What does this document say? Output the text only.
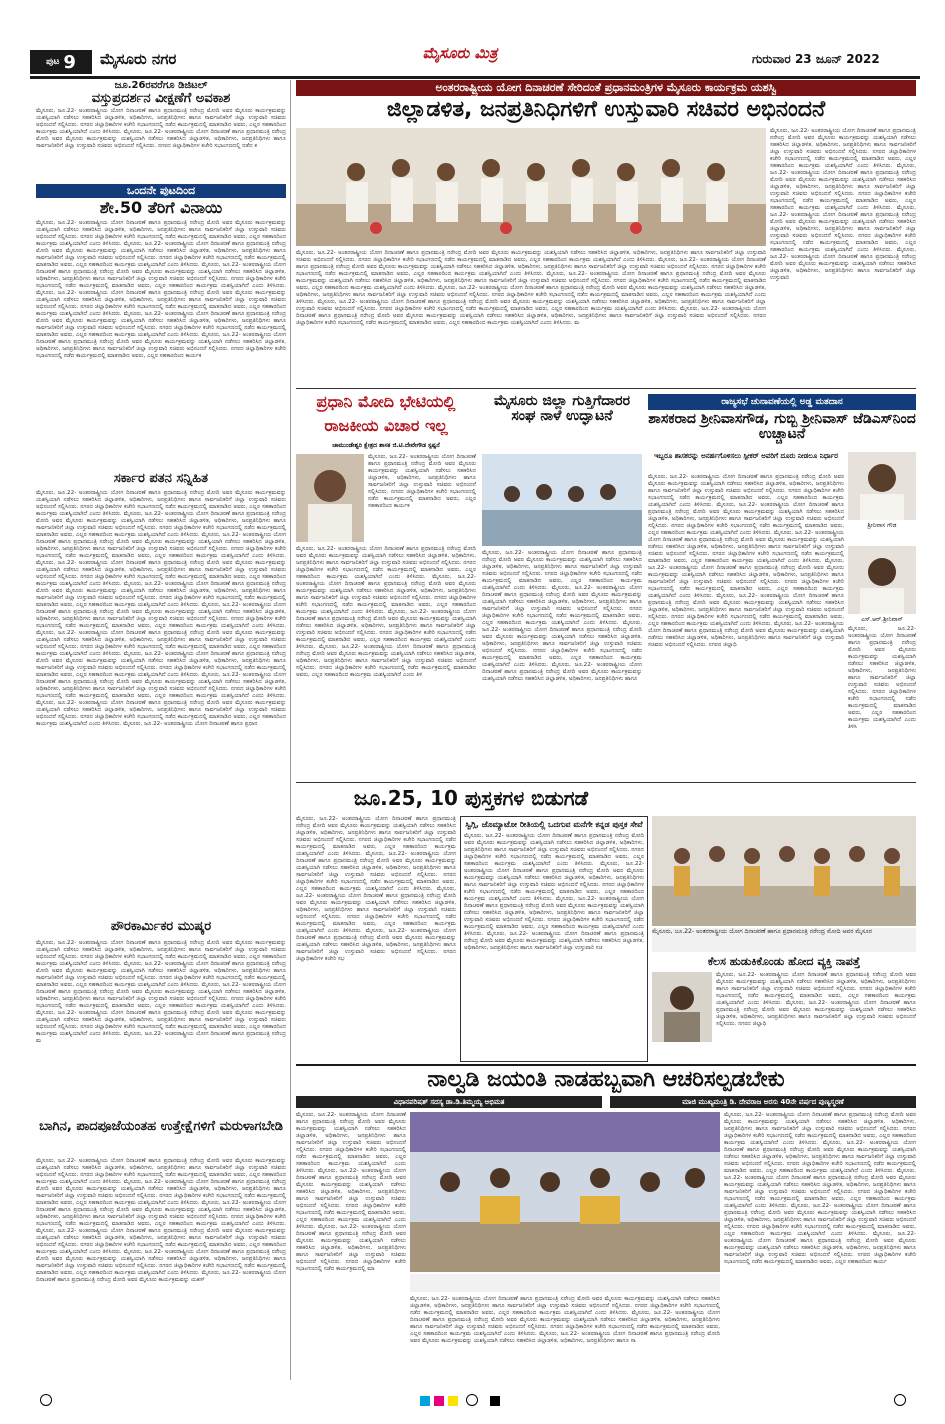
ಪುಟ 9 ಮೈಸೂರು ನಗರ	ಮೈಸೂರು ಮಿತ್ರ	ಗುರುವಾರ 23 ಜೂನ್ 2022
ಜೂ.26ರವರೆಗೂ ಡಿಜಿಟಲ್
ವಸ್ತುಪ್ರದರ್ಶನ ವೀಕ್ಷಣೆಗೆ ಅವಕಾಶ
ಮೈಸೂರು, ಜೂ.22- ಅಂತರರಾಷ್ಟ್ರೀಯ ಯೋಗ ದಿನಾಚರಣೆ ಹಾಗೂ ಪ್ರಧಾನಮಂತ್ರಿ ನರೇಂದ್ರ ಮೋದಿ ಅವರ ಮೈಸೂರು ಕಾರ್ಯಕ್ರಮವನ್ನು ಯಶಸ್ವಿಯಾಗಿ ನಡೆಸಲು ಸಹಕರಿಸಿದ ಜಿಲ್ಲಾಡಳಿತ, ಅಧಿಕಾರಿಗಳು, ಜನಪ್ರತಿನಿಧಿಗಳು ಹಾಗೂ ಸಾರ್ವಜನಿಕರಿಗೆ ಜಿಲ್ಲಾ ಉಸ್ತುವಾರಿ ಸಚಿವರು ಅಭಿನಂದನೆ ಸಲ್ಲಿಸಿದರು. ನಗರದ ಜಿಲ್ಲಾಧಿಕಾರಿಗಳ ಕಚೇರಿ ಸಭಾಂಗಣದಲ್ಲಿ ನಡೆದ ಕಾರ್ಯಕ್ರಮದಲ್ಲಿ ಮಾತನಾಡಿದ ಅವರು, ಎಲ್ಲರ ಸಹಕಾರದಿಂದ ಕಾರ್ಯಕ್ರಮ ಯಶಸ್ವಿಯಾಗಿದೆ ಎಂದು ತಿಳಿಸಿದರು. ಮೈಸೂರು, ಜೂ.22- ಅಂತರರಾಷ್ಟ್ರೀಯ ಯೋಗ ದಿನಾಚರಣೆ ಹಾಗೂ ಪ್ರಧಾನಮಂತ್ರಿ ನರೇಂದ್ರ ಮೋದಿ ಅವರ ಮೈಸೂರು ಕಾರ್ಯಕ್ರಮವನ್ನು ಯಶಸ್ವಿಯಾಗಿ ನಡೆಸಲು ಸಹಕರಿಸಿದ ಜಿಲ್ಲಾಡಳಿತ, ಅಧಿಕಾರಿಗಳು, ಜನಪ್ರತಿನಿಧಿಗಳು ಹಾಗೂ ಸಾರ್ವಜನಿಕರಿಗೆ ಜಿಲ್ಲಾ ಉಸ್ತುವಾರಿ ಸಚಿವರು ಅಭಿನಂದನೆ ಸಲ್ಲಿಸಿದರು. ನಗರದ ಜಿಲ್ಲಾಧಿಕಾರಿಗಳ ಕಚೇರಿ ಸಭಾಂಗಣದಲ್ಲಿ ನಡೆದ ಕ
ಒಂದನೇ ಪುಟದಿಂದ
ಶೇ.50 ತೆರಿಗೆ ವಿನಾಯಿ
ಮೈಸೂರು, ಜೂ.22- ಅಂತರರಾಷ್ಟ್ರೀಯ ಯೋಗ ದಿನಾಚರಣೆ ಹಾಗೂ ಪ್ರಧಾನಮಂತ್ರಿ ನರೇಂದ್ರ ಮೋದಿ ಅವರ ಮೈಸೂರು ಕಾರ್ಯಕ್ರಮವನ್ನು ಯಶಸ್ವಿಯಾಗಿ ನಡೆಸಲು ಸಹಕರಿಸಿದ ಜಿಲ್ಲಾಡಳಿತ, ಅಧಿಕಾರಿಗಳು, ಜನಪ್ರತಿನಿಧಿಗಳು ಹಾಗೂ ಸಾರ್ವಜನಿಕರಿಗೆ ಜಿಲ್ಲಾ ಉಸ್ತುವಾರಿ ಸಚಿವರು ಅಭಿನಂದನೆ ಸಲ್ಲಿಸಿದರು. ನಗರದ ಜಿಲ್ಲಾಧಿಕಾರಿಗಳ ಕಚೇರಿ ಸಭಾಂಗಣದಲ್ಲಿ ನಡೆದ ಕಾರ್ಯಕ್ರಮದಲ್ಲಿ ಮಾತನಾಡಿದ ಅವರು, ಎಲ್ಲರ ಸಹಕಾರದಿಂದ ಕಾರ್ಯಕ್ರಮ ಯಶಸ್ವಿಯಾಗಿದೆ ಎಂದು ತಿಳಿಸಿದರು. ಮೈಸೂರು, ಜೂ.22- ಅಂತರರಾಷ್ಟ್ರೀಯ ಯೋಗ ದಿನಾಚರಣೆ ಹಾಗೂ ಪ್ರಧಾನಮಂತ್ರಿ ನರೇಂದ್ರ ಮೋದಿ ಅವರ ಮೈಸೂರು ಕಾರ್ಯಕ್ರಮವನ್ನು ಯಶಸ್ವಿಯಾಗಿ ನಡೆಸಲು ಸಹಕರಿಸಿದ ಜಿಲ್ಲಾಡಳಿತ, ಅಧಿಕಾರಿಗಳು, ಜನಪ್ರತಿನಿಧಿಗಳು ಹಾಗೂ ಸಾರ್ವಜನಿಕರಿಗೆ ಜಿಲ್ಲಾ ಉಸ್ತುವಾರಿ ಸಚಿವರು ಅಭಿನಂದನೆ ಸಲ್ಲಿಸಿದರು. ನಗರದ ಜಿಲ್ಲಾಧಿಕಾರಿಗಳ ಕಚೇರಿ ಸಭಾಂಗಣದಲ್ಲಿ ನಡೆದ ಕಾರ್ಯಕ್ರಮದಲ್ಲಿ ಮಾತನಾಡಿದ ಅವರು, ಎಲ್ಲರ ಸಹಕಾರದಿಂದ ಕಾರ್ಯಕ್ರಮ ಯಶಸ್ವಿಯಾಗಿದೆ ಎಂದು ತಿಳಿಸಿದರು. ಮೈಸೂರು, ಜೂ.22- ಅಂತರರಾಷ್ಟ್ರೀಯ ಯೋಗ ದಿನಾಚರಣೆ ಹಾಗೂ ಪ್ರಧಾನಮಂತ್ರಿ ನರೇಂದ್ರ ಮೋದಿ ಅವರ ಮೈಸೂರು ಕಾರ್ಯಕ್ರಮವನ್ನು ಯಶಸ್ವಿಯಾಗಿ ನಡೆಸಲು ಸಹಕರಿಸಿದ ಜಿಲ್ಲಾಡಳಿತ, ಅಧಿಕಾರಿಗಳು, ಜನಪ್ರತಿನಿಧಿಗಳು ಹಾಗೂ ಸಾರ್ವಜನಿಕರಿಗೆ ಜಿಲ್ಲಾ ಉಸ್ತುವಾರಿ ಸಚಿವರು ಅಭಿನಂದನೆ ಸಲ್ಲಿಸಿದರು. ನಗರದ ಜಿಲ್ಲಾಧಿಕಾರಿಗಳ ಕಚೇರಿ ಸಭಾಂಗಣದಲ್ಲಿ ನಡೆದ ಕಾರ್ಯಕ್ರಮದಲ್ಲಿ ಮಾತನಾಡಿದ ಅವರು, ಎಲ್ಲರ ಸಹಕಾರದಿಂದ ಕಾರ್ಯಕ್ರಮ ಯಶಸ್ವಿಯಾಗಿದೆ ಎಂದು ತಿಳಿಸಿದರು. ಮೈಸೂರು, ಜೂ.22- ಅಂತರರಾಷ್ಟ್ರೀಯ ಯೋಗ ದಿನಾಚರಣೆ ಹಾಗೂ ಪ್ರಧಾನಮಂತ್ರಿ ನರೇಂದ್ರ ಮೋದಿ ಅವರ ಮೈಸೂರು ಕಾರ್ಯಕ್ರಮವನ್ನು ಯಶಸ್ವಿಯಾಗಿ ನಡೆಸಲು ಸಹಕರಿಸಿದ ಜಿಲ್ಲಾಡಳಿತ, ಅಧಿಕಾರಿಗಳು, ಜನಪ್ರತಿನಿಧಿಗಳು ಹಾಗೂ ಸಾರ್ವಜನಿಕರಿಗೆ ಜಿಲ್ಲಾ ಉಸ್ತುವಾರಿ ಸಚಿವರು ಅಭಿನಂದನೆ ಸಲ್ಲಿಸಿದರು. ನಗರದ ಜಿಲ್ಲಾಧಿಕಾರಿಗಳ ಕಚೇರಿ ಸಭಾಂಗಣದಲ್ಲಿ ನಡೆದ ಕಾರ್ಯಕ್ರಮದಲ್ಲಿ ಮಾತನಾಡಿದ ಅವರು, ಎಲ್ಲರ ಸಹಕಾರದಿಂದ ಕಾರ್ಯಕ್ರಮ ಯಶಸ್ವಿಯಾಗಿದೆ ಎಂದು ತಿಳಿಸಿದರು. ಮೈಸೂರು, ಜೂ.22- ಅಂತರರಾಷ್ಟ್ರೀಯ ಯೋಗ ದಿನಾಚರಣೆ ಹಾಗೂ ಪ್ರಧಾನಮಂತ್ರಿ ನರೇಂದ್ರ ಮೋದಿ ಅವರ ಮೈಸೂರು ಕಾರ್ಯಕ್ರಮವನ್ನು ಯಶಸ್ವಿಯಾಗಿ ನಡೆಸಲು ಸಹಕರಿಸಿದ ಜಿಲ್ಲಾಡಳಿತ, ಅಧಿಕಾರಿಗಳು, ಜನಪ್ರತಿನಿಧಿಗಳು ಹಾಗೂ ಸಾರ್ವಜನಿಕರಿಗೆ ಜಿಲ್ಲಾ ಉಸ್ತುವಾರಿ ಸಚಿವರು ಅಭಿನಂದನೆ ಸಲ್ಲಿಸಿದರು. ನಗರದ ಜಿಲ್ಲಾಧಿಕಾರಿಗಳ ಕಚೇರಿ ಸಭಾಂಗಣದಲ್ಲಿ ನಡೆದ ಕಾರ್ಯಕ್ರಮದಲ್ಲಿ ಮಾತನಾಡಿದ ಅವರು, ಎಲ್ಲರ ಸಹಕಾರದಿಂದ ಕಾರ್ಯಕ್ರಮ ಯಶಸ್ವಿಯಾಗಿದೆ ಎಂದು ತಿಳಿಸಿದರು. ಮೈಸೂರು, ಜೂ.22- ಅಂತರರಾಷ್ಟ್ರೀಯ ಯೋಗ ದಿನಾಚರಣೆ ಹಾಗೂ ಪ್ರಧಾನಮಂತ್ರಿ ನರೇಂದ್ರ ಮೋದಿ ಅವರ ಮೈಸೂರು ಕಾರ್ಯಕ್ರಮವನ್ನು ಯಶಸ್ವಿಯಾಗಿ ನಡೆಸಲು ಸಹಕರಿಸಿದ ಜಿಲ್ಲಾಡಳಿತ, ಅಧಿಕಾರಿಗಳು, ಜನಪ್ರತಿನಿಧಿಗಳು ಹಾಗೂ ಸಾರ್ವಜನಿಕರಿಗೆ ಜಿಲ್ಲಾ ಉಸ್ತುವಾರಿ ಸಚಿವರು ಅಭಿನಂದನೆ ಸಲ್ಲಿಸಿದರು. ನಗರದ ಜಿಲ್ಲಾಧಿಕಾರಿಗಳ ಕಚೇರಿ ಸಭಾಂಗಣದಲ್ಲಿ ನಡೆದ ಕಾರ್ಯಕ್ರಮದಲ್ಲಿ ಮಾತನಾಡಿದ ಅವರು, ಎಲ್ಲರ ಸಹಕಾರದಿಂದ ಕಾರ್ಯಕ
ಸರ್ಕಾರ ಪತನ ಸನ್ನಿಹಿತ
ಮೈಸೂರು, ಜೂ.22- ಅಂತರರಾಷ್ಟ್ರೀಯ ಯೋಗ ದಿನಾಚರಣೆ ಹಾಗೂ ಪ್ರಧಾನಮಂತ್ರಿ ನರೇಂದ್ರ ಮೋದಿ ಅವರ ಮೈಸೂರು ಕಾರ್ಯಕ್ರಮವನ್ನು ಯಶಸ್ವಿಯಾಗಿ ನಡೆಸಲು ಸಹಕರಿಸಿದ ಜಿಲ್ಲಾಡಳಿತ, ಅಧಿಕಾರಿಗಳು, ಜನಪ್ರತಿನಿಧಿಗಳು ಹಾಗೂ ಸಾರ್ವಜನಿಕರಿಗೆ ಜಿಲ್ಲಾ ಉಸ್ತುವಾರಿ ಸಚಿವರು ಅಭಿನಂದನೆ ಸಲ್ಲಿಸಿದರು. ನಗರದ ಜಿಲ್ಲಾಧಿಕಾರಿಗಳ ಕಚೇರಿ ಸಭಾಂಗಣದಲ್ಲಿ ನಡೆದ ಕಾರ್ಯಕ್ರಮದಲ್ಲಿ ಮಾತನಾಡಿದ ಅವರು, ಎಲ್ಲರ ಸಹಕಾರದಿಂದ ಕಾರ್ಯಕ್ರಮ ಯಶಸ್ವಿಯಾಗಿದೆ ಎಂದು ತಿಳಿಸಿದರು. ಮೈಸೂರು, ಜೂ.22- ಅಂತರರಾಷ್ಟ್ರೀಯ ಯೋಗ ದಿನಾಚರಣೆ ಹಾಗೂ ಪ್ರಧಾನಮಂತ್ರಿ ನರೇಂದ್ರ ಮೋದಿ ಅವರ ಮೈಸೂರು ಕಾರ್ಯಕ್ರಮವನ್ನು ಯಶಸ್ವಿಯಾಗಿ ನಡೆಸಲು ಸಹಕರಿಸಿದ ಜಿಲ್ಲಾಡಳಿತ, ಅಧಿಕಾರಿಗಳು, ಜನಪ್ರತಿನಿಧಿಗಳು ಹಾಗೂ ಸಾರ್ವಜನಿಕರಿಗೆ ಜಿಲ್ಲಾ ಉಸ್ತುವಾರಿ ಸಚಿವರು ಅಭಿನಂದನೆ ಸಲ್ಲಿಸಿದರು. ನಗರದ ಜಿಲ್ಲಾಧಿಕಾರಿಗಳ ಕಚೇರಿ ಸಭಾಂಗಣದಲ್ಲಿ ನಡೆದ ಕಾರ್ಯಕ್ರಮದಲ್ಲಿ ಮಾತನಾಡಿದ ಅವರು, ಎಲ್ಲರ ಸಹಕಾರದಿಂದ ಕಾರ್ಯಕ್ರಮ ಯಶಸ್ವಿಯಾಗಿದೆ ಎಂದು ತಿಳಿಸಿದರು. ಮೈಸೂರು, ಜೂ.22- ಅಂತರರಾಷ್ಟ್ರೀಯ ಯೋಗ ದಿನಾಚರಣೆ ಹಾಗೂ ಪ್ರಧಾನಮಂತ್ರಿ ನರೇಂದ್ರ ಮೋದಿ ಅವರ ಮೈಸೂರು ಕಾರ್ಯಕ್ರಮವನ್ನು ಯಶಸ್ವಿಯಾಗಿ ನಡೆಸಲು ಸಹಕರಿಸಿದ ಜಿಲ್ಲಾಡಳಿತ, ಅಧಿಕಾರಿಗಳು, ಜನಪ್ರತಿನಿಧಿಗಳು ಹಾಗೂ ಸಾರ್ವಜನಿಕರಿಗೆ ಜಿಲ್ಲಾ ಉಸ್ತುವಾರಿ ಸಚಿವರು ಅಭಿನಂದನೆ ಸಲ್ಲಿಸಿದರು. ನಗರದ ಜಿಲ್ಲಾಧಿಕಾರಿಗಳ ಕಚೇರಿ ಸಭಾಂಗಣದಲ್ಲಿ ನಡೆದ ಕಾರ್ಯಕ್ರಮದಲ್ಲಿ ಮಾತನಾಡಿದ ಅವರು, ಎಲ್ಲರ ಸಹಕಾರದಿಂದ ಕಾರ್ಯಕ್ರಮ ಯಶಸ್ವಿಯಾಗಿದೆ ಎಂದು ತಿಳಿಸಿದರು. ಮೈಸೂರು, ಜೂ.22- ಅಂತರರಾಷ್ಟ್ರೀಯ ಯೋಗ ದಿನಾಚರಣೆ ಹಾಗೂ ಪ್ರಧಾನಮಂತ್ರಿ ನರೇಂದ್ರ ಮೋದಿ ಅವರ ಮೈಸೂರು ಕಾರ್ಯಕ್ರಮವನ್ನು ಯಶಸ್ವಿಯಾಗಿ ನಡೆಸಲು ಸಹಕರಿಸಿದ ಜಿಲ್ಲಾಡಳಿತ, ಅಧಿಕಾರಿಗಳು, ಜನಪ್ರತಿನಿಧಿಗಳು ಹಾಗೂ ಸಾರ್ವಜನಿಕರಿಗೆ ಜಿಲ್ಲಾ ಉಸ್ತುವಾರಿ ಸಚಿವರು ಅಭಿನಂದನೆ ಸಲ್ಲಿಸಿದರು. ನಗರದ ಜಿಲ್ಲಾಧಿಕಾರಿಗಳ ಕಚೇರಿ ಸಭಾಂಗಣದಲ್ಲಿ ನಡೆದ ಕಾರ್ಯಕ್ರಮದಲ್ಲಿ ಮಾತನಾಡಿದ ಅವರು, ಎಲ್ಲರ ಸಹಕಾರದಿಂದ ಕಾರ್ಯಕ್ರಮ ಯಶಸ್ವಿಯಾಗಿದೆ ಎಂದು ತಿಳಿಸಿದರು. ಮೈಸೂರು, ಜೂ.22- ಅಂತರರಾಷ್ಟ್ರೀಯ ಯೋಗ ದಿನಾಚರಣೆ ಹಾಗೂ ಪ್ರಧಾನಮಂತ್ರಿ ನರೇಂದ್ರ ಮೋದಿ ಅವರ ಮೈಸೂರು ಕಾರ್ಯಕ್ರಮವನ್ನು ಯಶಸ್ವಿಯಾಗಿ ನಡೆಸಲು ಸಹಕರಿಸಿದ ಜಿಲ್ಲಾಡಳಿತ, ಅಧಿಕಾರಿಗಳು, ಜನಪ್ರತಿನಿಧಿಗಳು ಹಾಗೂ ಸಾರ್ವಜನಿಕರಿಗೆ ಜಿಲ್ಲಾ ಉಸ್ತುವಾರಿ ಸಚಿವರು ಅಭಿನಂದನೆ ಸಲ್ಲಿಸಿದರು. ನಗರದ ಜಿಲ್ಲಾಧಿಕಾರಿಗಳ ಕಚೇರಿ ಸಭಾಂಗಣದಲ್ಲಿ ನಡೆದ ಕಾರ್ಯಕ್ರಮದಲ್ಲಿ ಮಾತನಾಡಿದ ಅವರು, ಎಲ್ಲರ ಸಹಕಾರದಿಂದ ಕಾರ್ಯಕ್ರಮ ಯಶಸ್ವಿಯಾಗಿದೆ ಎಂದು ತಿಳಿಸಿದರು. ಮೈಸೂರು, ಜೂ.22- ಅಂತರರಾಷ್ಟ್ರೀಯ ಯೋಗ ದಿನಾಚರಣೆ ಹಾಗೂ ಪ್ರಧಾನಮಂತ್ರಿ ನರೇಂದ್ರ ಮೋದಿ ಅವರ ಮೈಸೂರು ಕಾರ್ಯಕ್ರಮವನ್ನು ಯಶಸ್ವಿಯಾಗಿ ನಡೆಸಲು ಸಹಕರಿಸಿದ ಜಿಲ್ಲಾಡಳಿತ, ಅಧಿಕಾರಿಗಳು, ಜನಪ್ರತಿನಿಧಿಗಳು ಹಾಗೂ ಸಾರ್ವಜನಿಕರಿಗೆ ಜಿಲ್ಲಾ ಉಸ್ತುವಾರಿ ಸಚಿವರು ಅಭಿನಂದನೆ ಸಲ್ಲಿಸಿದರು. ನಗರದ ಜಿಲ್ಲಾಧಿಕಾರಿಗಳ ಕಚೇರಿ ಸಭಾಂಗಣದಲ್ಲಿ ನಡೆದ ಕಾರ್ಯಕ್ರಮದಲ್ಲಿ ಮಾತನಾಡಿದ ಅವರು, ಎಲ್ಲರ ಸಹಕಾರದಿಂದ ಕಾರ್ಯಕ್ರಮ ಯಶಸ್ವಿಯಾಗಿದೆ ಎಂದು ತಿಳಿಸಿದರು. ಮೈಸೂರು, ಜೂ.22- ಅಂತರರಾಷ್ಟ್ರೀಯ ಯೋಗ ದಿನಾಚರಣೆ ಹಾಗೂ ಪ್ರಧಾನಮಂತ್ರಿ ನರೇಂದ್ರ ಮೋದಿ ಅವರ ಮೈಸೂರು ಕಾರ್ಯಕ್ರಮವನ್ನು ಯಶಸ್ವಿಯಾಗಿ ನಡೆಸಲು ಸಹಕರಿಸಿದ ಜಿಲ್ಲಾಡಳಿತ, ಅಧಿಕಾರಿಗಳು, ಜನಪ್ರತಿನಿಧಿಗಳು ಹಾಗೂ ಸಾರ್ವಜನಿಕರಿಗೆ ಜಿಲ್ಲಾ ಉಸ್ತುವಾರಿ ಸಚಿವರು ಅಭಿನಂದನೆ ಸಲ್ಲಿಸಿದರು. ನಗರದ ಜಿಲ್ಲಾಧಿಕಾರಿಗಳ ಕಚೇರಿ ಸಭಾಂಗಣದಲ್ಲಿ ನಡೆದ ಕಾರ್ಯಕ್ರಮದಲ್ಲಿ ಮಾತನಾಡಿದ ಅವರು, ಎಲ್ಲರ ಸಹಕಾರದಿಂದ ಕಾರ್ಯಕ್ರಮ ಯಶಸ್ವಿಯಾಗಿದೆ ಎಂದು ತಿಳಿಸಿದರು. ಮೈಸೂರು, ಜೂ.22- ಅಂತರರಾಷ್ಟ್ರೀಯ ಯೋಗ ದಿನಾಚರಣೆ ಹಾಗೂ ಪ್ರಧಾನಮಂತ್ರಿ ನರೇಂದ್ರ ಮೋದಿ ಅವರ ಮೈಸೂರು ಕಾರ್ಯಕ್ರಮವನ್ನು ಯಶಸ್ವಿಯಾಗಿ ನಡೆಸಲು ಸಹಕರಿಸಿದ ಜಿಲ್ಲಾಡಳಿತ, ಅಧಿಕಾರಿಗಳು, ಜನಪ್ರತಿನಿಧಿಗಳು ಹಾಗೂ ಸಾರ್ವಜನಿಕರಿಗೆ ಜಿಲ್ಲಾ ಉಸ್ತುವಾರಿ ಸಚಿವರು ಅಭಿನಂದನೆ ಸಲ್ಲಿಸಿದರು. ನಗರದ ಜಿಲ್ಲಾಧಿಕಾರಿಗಳ ಕಚೇರಿ ಸಭಾಂಗಣದಲ್ಲಿ ನಡೆದ ಕಾರ್ಯಕ್ರಮದಲ್ಲಿ ಮಾತನಾಡಿದ ಅವರು, ಎಲ್ಲರ ಸಹಕಾರದಿಂದ ಕಾರ್ಯಕ್ರಮ ಯಶಸ್ವಿಯಾಗಿದೆ ಎಂದು ತಿಳಿಸಿದರು. ಮೈಸೂರು, ಜೂ.22- ಅಂತರರಾಷ್ಟ್ರೀಯ ಯೋಗ ದಿನಾಚರಣೆ ಹಾಗೂ ಪ್ರಧಾನಮಂತ್ರಿ ನರೇಂದ್ರ ಮೋದಿ ಅವರ ಮೈಸೂರು ಕಾರ್ಯಕ್ರಮವನ್ನು ಯಶಸ್ವಿಯಾಗಿ ನಡೆಸಲು ಸಹಕರಿಸಿದ ಜಿಲ್ಲಾಡಳಿತ, ಅಧಿಕಾರಿಗಳು, ಜನಪ್ರತಿನಿಧಿಗಳು ಹಾಗೂ ಸಾರ್ವಜನಿಕರಿಗೆ ಜಿಲ್ಲಾ ಉಸ್ತುವಾರಿ ಸಚಿವರು ಅಭಿನಂದನೆ ಸಲ್ಲಿಸಿದರು. ನಗರದ ಜಿಲ್ಲಾಧಿಕಾರಿಗಳ ಕಚೇರಿ ಸಭಾಂಗಣದಲ್ಲಿ ನಡೆದ ಕಾರ್ಯಕ್ರಮದಲ್ಲಿ ಮಾತನಾಡಿದ ಅವರು, ಎಲ್ಲರ ಸಹಕಾರದಿಂದ ಕಾರ್ಯಕ್ರಮ ಯಶಸ್ವಿಯಾಗಿದೆ ಎಂದು ತಿಳಿಸಿದರು. ಮೈಸೂರು, ಜೂ.22- ಅಂತರರಾಷ್ಟ್ರೀಯ ಯೋಗ ದಿನಾಚರಣೆ ಹಾಗೂ ಪ್ರಧಾನಮಂತ್ರಿ ನರೇಂದ್ರ ಮೋದಿ ಅವರ ಮೈಸೂರು ಕಾರ್ಯಕ್ರಮವನ್ನು ಯಶಸ್ವಿಯಾಗಿ ನಡೆಸಲು ಸಹಕರಿಸಿದ ಜಿಲ್ಲಾಡಳಿತ, ಅಧಿಕಾರಿಗಳು, ಜನಪ್ರತಿನಿಧಿಗಳು ಹಾಗೂ ಸಾರ್ವಜನಿಕರಿಗೆ ಜಿಲ್ಲಾ ಉಸ್ತುವಾರಿ ಸಚಿವರು ಅಭಿನಂದನೆ ಸಲ್ಲಿಸಿದರು. ನಗರದ ಜಿಲ್ಲಾಧಿಕಾರಿಗಳ ಕಚೇರಿ ಸಭಾಂಗಣದಲ್ಲಿ ನಡೆದ ಕಾರ್ಯಕ್ರಮದಲ್ಲಿ ಮಾತನಾಡಿದ ಅವರು, ಎಲ್ಲರ ಸಹಕಾರದಿಂದ ಕಾರ್ಯಕ್ರಮ ಯಶಸ್ವಿಯಾಗಿದೆ ಎಂದು ತಿಳಿಸಿದರು. ಮೈಸೂರು, ಜೂ.22- ಅಂತರರಾಷ್ಟ್ರೀಯ ಯೋಗ ದಿನಾಚರಣೆ ಹಾಗೂ ಪ್ರಧಾನ
ಪೌರಕಾರ್ಮಿಕರ ಮುಷ್ಕರ
ಮೈಸೂರು, ಜೂ.22- ಅಂತರರಾಷ್ಟ್ರೀಯ ಯೋಗ ದಿನಾಚರಣೆ ಹಾಗೂ ಪ್ರಧಾನಮಂತ್ರಿ ನರೇಂದ್ರ ಮೋದಿ ಅವರ ಮೈಸೂರು ಕಾರ್ಯಕ್ರಮವನ್ನು ಯಶಸ್ವಿಯಾಗಿ ನಡೆಸಲು ಸಹಕರಿಸಿದ ಜಿಲ್ಲಾಡಳಿತ, ಅಧಿಕಾರಿಗಳು, ಜನಪ್ರತಿನಿಧಿಗಳು ಹಾಗೂ ಸಾರ್ವಜನಿಕರಿಗೆ ಜಿಲ್ಲಾ ಉಸ್ತುವಾರಿ ಸಚಿವರು ಅಭಿನಂದನೆ ಸಲ್ಲಿಸಿದರು. ನಗರದ ಜಿಲ್ಲಾಧಿಕಾರಿಗಳ ಕಚೇರಿ ಸಭಾಂಗಣದಲ್ಲಿ ನಡೆದ ಕಾರ್ಯಕ್ರಮದಲ್ಲಿ ಮಾತನಾಡಿದ ಅವರು, ಎಲ್ಲರ ಸಹಕಾರದಿಂದ ಕಾರ್ಯಕ್ರಮ ಯಶಸ್ವಿಯಾಗಿದೆ ಎಂದು ತಿಳಿಸಿದರು. ಮೈಸೂರು, ಜೂ.22- ಅಂತರರಾಷ್ಟ್ರೀಯ ಯೋಗ ದಿನಾಚರಣೆ ಹಾಗೂ ಪ್ರಧಾನಮಂತ್ರಿ ನರೇಂದ್ರ ಮೋದಿ ಅವರ ಮೈಸೂರು ಕಾರ್ಯಕ್ರಮವನ್ನು ಯಶಸ್ವಿಯಾಗಿ ನಡೆಸಲು ಸಹಕರಿಸಿದ ಜಿಲ್ಲಾಡಳಿತ, ಅಧಿಕಾರಿಗಳು, ಜನಪ್ರತಿನಿಧಿಗಳು ಹಾಗೂ ಸಾರ್ವಜನಿಕರಿಗೆ ಜಿಲ್ಲಾ ಉಸ್ತುವಾರಿ ಸಚಿವರು ಅಭಿನಂದನೆ ಸಲ್ಲಿಸಿದರು. ನಗರದ ಜಿಲ್ಲಾಧಿಕಾರಿಗಳ ಕಚೇರಿ ಸಭಾಂಗಣದಲ್ಲಿ ನಡೆದ ಕಾರ್ಯಕ್ರಮದಲ್ಲಿ ಮಾತನಾಡಿದ ಅವರು, ಎಲ್ಲರ ಸಹಕಾರದಿಂದ ಕಾರ್ಯಕ್ರಮ ಯಶಸ್ವಿಯಾಗಿದೆ ಎಂದು ತಿಳಿಸಿದರು. ಮೈಸೂರು, ಜೂ.22- ಅಂತರರಾಷ್ಟ್ರೀಯ ಯೋಗ ದಿನಾಚರಣೆ ಹಾಗೂ ಪ್ರಧಾನಮಂತ್ರಿ ನರೇಂದ್ರ ಮೋದಿ ಅವರ ಮೈಸೂರು ಕಾರ್ಯಕ್ರಮವನ್ನು ಯಶಸ್ವಿಯಾಗಿ ನಡೆಸಲು ಸಹಕರಿಸಿದ ಜಿಲ್ಲಾಡಳಿತ, ಅಧಿಕಾರಿಗಳು, ಜನಪ್ರತಿನಿಧಿಗಳು ಹಾಗೂ ಸಾರ್ವಜನಿಕರಿಗೆ ಜಿಲ್ಲಾ ಉಸ್ತುವಾರಿ ಸಚಿವರು ಅಭಿನಂದನೆ ಸಲ್ಲಿಸಿದರು. ನಗರದ ಜಿಲ್ಲಾಧಿಕಾರಿಗಳ ಕಚೇರಿ ಸಭಾಂಗಣದಲ್ಲಿ ನಡೆದ ಕಾರ್ಯಕ್ರಮದಲ್ಲಿ ಮಾತನಾಡಿದ ಅವರು, ಎಲ್ಲರ ಸಹಕಾರದಿಂದ ಕಾರ್ಯಕ್ರಮ ಯಶಸ್ವಿಯಾಗಿದೆ ಎಂದು ತಿಳಿಸಿದರು. ಮೈಸೂರು, ಜೂ.22- ಅಂತರರಾಷ್ಟ್ರೀಯ ಯೋಗ ದಿನಾಚರಣೆ ಹಾಗೂ ಪ್ರಧಾನಮಂತ್ರಿ ನರೇಂದ್ರ ಮೋದಿ ಅವರ ಮೈಸೂರು ಕಾರ್ಯಕ್ರಮವನ್ನು ಯಶಸ್ವಿಯಾಗಿ ನಡೆಸಲು ಸಹಕರಿಸಿದ ಜಿಲ್ಲಾಡಳಿತ, ಅಧಿಕಾರಿಗಳು, ಜನಪ್ರತಿನಿಧಿಗಳು ಹಾಗೂ ಸಾರ್ವಜನಿಕರಿಗೆ ಜಿಲ್ಲಾ ಉಸ್ತುವಾರಿ ಸಚಿವರು ಅಭಿನಂದನೆ ಸಲ್ಲಿಸಿದರು. ನಗರದ ಜಿಲ್ಲಾಧಿಕಾರಿಗಳ ಕಚೇರಿ ಸಭಾಂಗಣದಲ್ಲಿ ನಡೆದ ಕಾರ್ಯಕ್ರಮದಲ್ಲಿ ಮಾತನಾಡಿದ ಅವರು, ಎಲ್ಲರ ಸಹಕಾರದಿಂದ ಕಾರ್ಯಕ್ರಮ ಯಶಸ್ವಿಯಾಗಿದೆ ಎಂದು ತಿಳಿಸಿದರು. ಮೈಸೂರು, ಜೂ.22- ಅಂತರರಾಷ್ಟ್ರೀಯ ಯೋಗ ದಿನಾಚರಣೆ ಹಾಗೂ ಪ್ರಧಾನಮಂತ್ರಿ ನರೇಂದ್ರ ಮ
ಬಾಗಿನ, ಪಾದಪೂಜೆಯಂತಹ ಉತ್ತೇಕ್ಷೆಗಳಿಗೆ ಮರುಳಾಗಬೇಡಿ
ಮೈಸೂರು, ಜೂ.22- ಅಂತರರಾಷ್ಟ್ರೀಯ ಯೋಗ ದಿನಾಚರಣೆ ಹಾಗೂ ಪ್ರಧಾನಮಂತ್ರಿ ನರೇಂದ್ರ ಮೋದಿ ಅವರ ಮೈಸೂರು ಕಾರ್ಯಕ್ರಮವನ್ನು ಯಶಸ್ವಿಯಾಗಿ ನಡೆಸಲು ಸಹಕರಿಸಿದ ಜಿಲ್ಲಾಡಳಿತ, ಅಧಿಕಾರಿಗಳು, ಜನಪ್ರತಿನಿಧಿಗಳು ಹಾಗೂ ಸಾರ್ವಜನಿಕರಿಗೆ ಜಿಲ್ಲಾ ಉಸ್ತುವಾರಿ ಸಚಿವರು ಅಭಿನಂದನೆ ಸಲ್ಲಿಸಿದರು. ನಗರದ ಜಿಲ್ಲಾಧಿಕಾರಿಗಳ ಕಚೇರಿ ಸಭಾಂಗಣದಲ್ಲಿ ನಡೆದ ಕಾರ್ಯಕ್ರಮದಲ್ಲಿ ಮಾತನಾಡಿದ ಅವರು, ಎಲ್ಲರ ಸಹಕಾರದಿಂದ ಕಾರ್ಯಕ್ರಮ ಯಶಸ್ವಿಯಾಗಿದೆ ಎಂದು ತಿಳಿಸಿದರು. ಮೈಸೂರು, ಜೂ.22- ಅಂತರರಾಷ್ಟ್ರೀಯ ಯೋಗ ದಿನಾಚರಣೆ ಹಾಗೂ ಪ್ರಧಾನಮಂತ್ರಿ ನರೇಂದ್ರ ಮೋದಿ ಅವರ ಮೈಸೂರು ಕಾರ್ಯಕ್ರಮವನ್ನು ಯಶಸ್ವಿಯಾಗಿ ನಡೆಸಲು ಸಹಕರಿಸಿದ ಜಿಲ್ಲಾಡಳಿತ, ಅಧಿಕಾರಿಗಳು, ಜನಪ್ರತಿನಿಧಿಗಳು ಹಾಗೂ ಸಾರ್ವಜನಿಕರಿಗೆ ಜಿಲ್ಲಾ ಉಸ್ತುವಾರಿ ಸಚಿವರು ಅಭಿನಂದನೆ ಸಲ್ಲಿಸಿದರು. ನಗರದ ಜಿಲ್ಲಾಧಿಕಾರಿಗಳ ಕಚೇರಿ ಸಭಾಂಗಣದಲ್ಲಿ ನಡೆದ ಕಾರ್ಯಕ್ರಮದಲ್ಲಿ ಮಾತನಾಡಿದ ಅವರು, ಎಲ್ಲರ ಸಹಕಾರದಿಂದ ಕಾರ್ಯಕ್ರಮ ಯಶಸ್ವಿಯಾಗಿದೆ ಎಂದು ತಿಳಿಸಿದರು. ಮೈಸೂರು, ಜೂ.22- ಅಂತರರಾಷ್ಟ್ರೀಯ ಯೋಗ ದಿನಾಚರಣೆ ಹಾಗೂ ಪ್ರಧಾನಮಂತ್ರಿ ನರೇಂದ್ರ ಮೋದಿ ಅವರ ಮೈಸೂರು ಕಾರ್ಯಕ್ರಮವನ್ನು ಯಶಸ್ವಿಯಾಗಿ ನಡೆಸಲು ಸಹಕರಿಸಿದ ಜಿಲ್ಲಾಡಳಿತ, ಅಧಿಕಾರಿಗಳು, ಜನಪ್ರತಿನಿಧಿಗಳು ಹಾಗೂ ಸಾರ್ವಜನಿಕರಿಗೆ ಜಿಲ್ಲಾ ಉಸ್ತುವಾರಿ ಸಚಿವರು ಅಭಿನಂದನೆ ಸಲ್ಲಿಸಿದರು. ನಗರದ ಜಿಲ್ಲಾಧಿಕಾರಿಗಳ ಕಚೇರಿ ಸಭಾಂಗಣದಲ್ಲಿ ನಡೆದ ಕಾರ್ಯಕ್ರಮದಲ್ಲಿ ಮಾತನಾಡಿದ ಅವರು, ಎಲ್ಲರ ಸಹಕಾರದಿಂದ ಕಾರ್ಯಕ್ರಮ ಯಶಸ್ವಿಯಾಗಿದೆ ಎಂದು ತಿಳಿಸಿದರು. ಮೈಸೂರು, ಜೂ.22- ಅಂತರರಾಷ್ಟ್ರೀಯ ಯೋಗ ದಿನಾಚರಣೆ ಹಾಗೂ ಪ್ರಧಾನಮಂತ್ರಿ ನರೇಂದ್ರ ಮೋದಿ ಅವರ ಮೈಸೂರು ಕಾರ್ಯಕ್ರಮವನ್ನು ಯಶಸ್ವಿಯಾಗಿ ನಡೆಸಲು ಸಹಕರಿಸಿದ ಜಿಲ್ಲಾಡಳಿತ, ಅಧಿಕಾರಿಗಳು, ಜನಪ್ರತಿನಿಧಿಗಳು ಹಾಗೂ ಸಾರ್ವಜನಿಕರಿಗೆ ಜಿಲ್ಲಾ ಉಸ್ತುವಾರಿ ಸಚಿವರು ಅಭಿನಂದನೆ ಸಲ್ಲಿಸಿದರು. ನಗರದ ಜಿಲ್ಲಾಧಿಕಾರಿಗಳ ಕಚೇರಿ ಸಭಾಂಗಣದಲ್ಲಿ ನಡೆದ ಕಾರ್ಯಕ್ರಮದಲ್ಲಿ ಮಾತನಾಡಿದ ಅವರು, ಎಲ್ಲರ ಸಹಕಾರದಿಂದ ಕಾರ್ಯಕ್ರಮ ಯಶಸ್ವಿಯಾಗಿದೆ ಎಂದು ತಿಳಿಸಿದರು. ಮೈಸೂರು, ಜೂ.22- ಅಂತರರಾಷ್ಟ್ರೀಯ ಯೋಗ ದಿನಾಚರಣೆ ಹಾಗೂ ಪ್ರಧಾನಮಂತ್ರಿ ನರೇಂದ್ರ ಮೋದಿ ಅವರ ಮೈಸೂರು ಕಾರ್ಯಕ್ರಮವನ್ನು ಯಶಸ್ವಿಯಾಗಿ ನಡೆಸಲು ಸಹಕರಿಸಿದ ಜಿಲ್ಲಾಡಳಿತ, ಅಧಿಕಾರಿಗಳು, ಜನಪ್ರತಿನಿಧಿಗಳು ಹಾಗೂ ಸಾರ್ವಜನಿಕರಿಗೆ ಜಿಲ್ಲಾ ಉಸ್ತುವಾರಿ ಸಚಿವರು ಅಭಿನಂದನೆ ಸಲ್ಲಿಸಿದರು. ನಗರದ ಜಿಲ್ಲಾಧಿಕಾರಿಗಳ ಕಚೇರಿ ಸಭಾಂಗಣದಲ್ಲಿ ನಡೆದ ಕಾರ್ಯಕ್ರಮದಲ್ಲಿ ಮಾತನಾಡಿದ ಅವರು, ಎಲ್ಲರ ಸಹಕಾರದಿಂದ ಕಾರ್ಯಕ್ರಮ ಯಶಸ್ವಿಯಾಗಿದೆ ಎಂದು ತಿಳಿಸಿದರು. ಮೈಸೂರು, ಜೂ.22- ಅಂತರರಾಷ್ಟ್ರೀಯ ಯೋಗ ದಿನಾಚರಣೆ ಹಾಗೂ ಪ್ರಧಾನಮಂತ್ರಿ ನರೇಂದ್ರ ಮೋದಿ ಅವರ ಮೈಸೂರು ಕಾರ್ಯಕ್ರಮವನ್ನು ಯಶಸ್
ಅಂತರರಾಷ್ಟ್ರೀಯ ಯೋಗ ದಿನಾಚರಣೆ ಸೇರಿದಂತೆ ಪ್ರಧಾನಮಂತ್ರಿಗಳ ಮೈಸೂರು ಕಾರ್ಯಕ್ರಮ ಯಶಸ್ವಿ
ಜಿಲ್ಲಾಡಳಿತ, ಜನಪ್ರತಿನಿಧಿಗಳಿಗೆ ಉಸ್ತುವಾರಿ ಸಚಿವರ ಅಭಿನಂದನೆ
ಮೈಸೂರು, ಜೂ.22- ಅಂತರರಾಷ್ಟ್ರೀಯ ಯೋಗ ದಿನಾಚರಣೆ ಹಾಗೂ ಪ್ರಧಾನಮಂತ್ರಿ ನರೇಂದ್ರ ಮೋದಿ ಅವರ ಮೈಸೂರು ಕಾರ್ಯಕ್ರಮವನ್ನು ಯಶಸ್ವಿಯಾಗಿ ನಡೆಸಲು ಸಹಕರಿಸಿದ ಜಿಲ್ಲಾಡಳಿತ, ಅಧಿಕಾರಿಗಳು, ಜನಪ್ರತಿನಿಧಿಗಳು ಹಾಗೂ ಸಾರ್ವಜನಿಕರಿಗೆ ಜಿಲ್ಲಾ ಉಸ್ತುವಾರಿ ಸಚಿವರು ಅಭಿನಂದನೆ ಸಲ್ಲಿಸಿದರು. ನಗರದ ಜಿಲ್ಲಾಧಿಕಾರಿಗಳ ಕಚೇರಿ ಸಭಾಂಗಣದಲ್ಲಿ ನಡೆದ ಕಾರ್ಯಕ್ರಮದಲ್ಲಿ ಮಾತನಾಡಿದ ಅವರು, ಎಲ್ಲರ ಸಹಕಾರದಿಂದ ಕಾರ್ಯಕ್ರಮ ಯಶಸ್ವಿಯಾಗಿದೆ ಎಂದು ತಿಳಿಸಿದರು. ಮೈಸೂರು, ಜೂ.22- ಅಂತರರಾಷ್ಟ್ರೀಯ ಯೋಗ ದಿನಾಚರಣೆ ಹಾಗೂ ಪ್ರಧಾನಮಂತ್ರಿ ನರೇಂದ್ರ ಮೋದಿ ಅವರ ಮೈಸೂರು ಕಾರ್ಯಕ್ರಮವನ್ನು ಯಶಸ್ವಿಯಾಗಿ ನಡೆಸಲು ಸಹಕರಿಸಿದ ಜಿಲ್ಲಾಡಳಿತ, ಅಧಿಕಾರಿಗಳು, ಜನಪ್ರತಿನಿಧಿಗಳು ಹಾಗೂ ಸಾರ್ವಜನಿಕರಿಗೆ ಜಿಲ್ಲಾ ಉಸ್ತುವಾರಿ ಸಚಿವರು ಅಭಿನಂದನೆ ಸಲ್ಲಿಸಿದರು. ನಗರದ ಜಿಲ್ಲಾಧಿಕಾರಿಗಳ ಕಚೇರಿ ಸಭಾಂಗಣದಲ್ಲಿ ನಡೆದ ಕಾರ್ಯಕ್ರಮದಲ್ಲಿ ಮಾತನಾಡಿದ ಅವರು, ಎಲ್ಲರ ಸಹಕಾರದಿಂದ ಕಾರ್ಯಕ್ರಮ ಯಶಸ್ವಿಯಾಗಿದೆ ಎಂದು ತಿಳಿಸಿದರು. ಮೈಸೂರು, ಜೂ.22- ಅಂತರರಾಷ್ಟ್ರೀಯ ಯೋಗ ದಿನಾಚರಣೆ ಹಾಗೂ ಪ್ರಧಾನಮಂತ್ರಿ ನರೇಂದ್ರ ಮೋದಿ ಅವರ ಮೈಸೂರು ಕಾರ್ಯಕ್ರಮವನ್ನು ಯಶಸ್ವಿಯಾಗಿ ನಡೆಸಲು ಸಹಕರಿಸಿದ ಜಿಲ್ಲಾಡಳಿತ, ಅಧಿಕಾರಿಗಳು, ಜನಪ್ರತಿನಿಧಿಗಳು ಹಾಗೂ ಸಾರ್ವಜನಿಕರಿಗೆ ಜಿಲ್ಲಾ ಉಸ್ತುವಾರಿ ಸಚಿವರು ಅಭಿನಂದನೆ ಸಲ್ಲಿಸಿದರು. ನಗರದ ಜಿಲ್ಲಾಧಿಕಾರಿಗಳ ಕಚೇರಿ ಸಭಾಂಗಣದಲ್ಲಿ ನಡೆದ ಕಾರ್ಯಕ್ರಮದಲ್ಲಿ ಮಾತನಾಡಿದ ಅವರು, ಎಲ್ಲರ ಸಹಕಾರದಿಂದ ಕಾರ್ಯಕ್ರಮ ಯಶಸ್ವಿಯಾಗಿದೆ ಎಂದು ತಿಳಿಸಿದರು. ಮೈಸೂರು, ಜೂ.22- ಅಂತರರಾಷ್ಟ್ರೀಯ ಯೋಗ ದಿನಾಚರಣೆ ಹಾಗೂ ಪ್ರಧಾನಮಂತ್ರಿ ನರೇಂದ್ರ ಮೋದಿ ಅವರ ಮೈಸೂರು ಕಾರ್ಯಕ್ರಮವನ್ನು ಯಶಸ್ವಿಯಾಗಿ ನಡೆಸಲು ಸಹಕರಿಸಿದ ಜಿಲ್ಲಾಡಳಿತ, ಅಧಿಕಾರಿಗಳು, ಜನಪ್ರತಿನಿಧಿಗಳು ಹಾಗೂ ಸಾರ್ವಜನಿಕರಿಗೆ ಜಿಲ್ಲಾ ಉಸ್ತುವಾರಿ
ಮೈಸೂರು, ಜೂ.22- ಅಂತರರಾಷ್ಟ್ರೀಯ ಯೋಗ ದಿನಾಚರಣೆ ಹಾಗೂ ಪ್ರಧಾನಮಂತ್ರಿ ನರೇಂದ್ರ ಮೋದಿ ಅವರ ಮೈಸೂರು ಕಾರ್ಯಕ್ರಮವನ್ನು ಯಶಸ್ವಿಯಾಗಿ ನಡೆಸಲು ಸಹಕರಿಸಿದ ಜಿಲ್ಲಾಡಳಿತ, ಅಧಿಕಾರಿಗಳು, ಜನಪ್ರತಿನಿಧಿಗಳು ಹಾಗೂ ಸಾರ್ವಜನಿಕರಿಗೆ ಜಿಲ್ಲಾ ಉಸ್ತುವಾರಿ ಸಚಿವರು ಅಭಿನಂದನೆ ಸಲ್ಲಿಸಿದರು. ನಗರದ ಜಿಲ್ಲಾಧಿಕಾರಿಗಳ ಕಚೇರಿ ಸಭಾಂಗಣದಲ್ಲಿ ನಡೆದ ಕಾರ್ಯಕ್ರಮದಲ್ಲಿ ಮಾತನಾಡಿದ ಅವರು, ಎಲ್ಲರ ಸಹಕಾರದಿಂದ ಕಾರ್ಯಕ್ರಮ ಯಶಸ್ವಿಯಾಗಿದೆ ಎಂದು ತಿಳಿಸಿದರು. ಮೈಸೂರು, ಜೂ.22- ಅಂತರರಾಷ್ಟ್ರೀಯ ಯೋಗ ದಿನಾಚರಣೆ ಹಾಗೂ ಪ್ರಧಾನಮಂತ್ರಿ ನರೇಂದ್ರ ಮೋದಿ ಅವರ ಮೈಸೂರು ಕಾರ್ಯಕ್ರಮವನ್ನು ಯಶಸ್ವಿಯಾಗಿ ನಡೆಸಲು ಸಹಕರಿಸಿದ ಜಿಲ್ಲಾಡಳಿತ, ಅಧಿಕಾರಿಗಳು, ಜನಪ್ರತಿನಿಧಿಗಳು ಹಾಗೂ ಸಾರ್ವಜನಿಕರಿಗೆ ಜಿಲ್ಲಾ ಉಸ್ತುವಾರಿ ಸಚಿವರು ಅಭಿನಂದನೆ ಸಲ್ಲಿಸಿದರು. ನಗರದ ಜಿಲ್ಲಾಧಿಕಾರಿಗಳ ಕಚೇರಿ ಸಭಾಂಗಣದಲ್ಲಿ ನಡೆದ ಕಾರ್ಯಕ್ರಮದಲ್ಲಿ ಮಾತನಾಡಿದ ಅವರು, ಎಲ್ಲರ ಸಹಕಾರದಿಂದ ಕಾರ್ಯಕ್ರಮ ಯಶಸ್ವಿಯಾಗಿದೆ ಎಂದು ತಿಳಿಸಿದರು. ಮೈಸೂರು, ಜೂ.22- ಅಂತರರಾಷ್ಟ್ರೀಯ ಯೋಗ ದಿನಾಚರಣೆ ಹಾಗೂ ಪ್ರಧಾನಮಂತ್ರಿ ನರೇಂದ್ರ ಮೋದಿ ಅವರ ಮೈಸೂರು ಕಾರ್ಯಕ್ರಮವನ್ನು ಯಶಸ್ವಿಯಾಗಿ ನಡೆಸಲು ಸಹಕರಿಸಿದ ಜಿಲ್ಲಾಡಳಿತ, ಅಧಿಕಾರಿಗಳು, ಜನಪ್ರತಿನಿಧಿಗಳು ಹಾಗೂ ಸಾರ್ವಜನಿಕರಿಗೆ ಜಿಲ್ಲಾ ಉಸ್ತುವಾರಿ ಸಚಿವರು ಅಭಿನಂದನೆ ಸಲ್ಲಿಸಿದರು. ನಗರದ ಜಿಲ್ಲಾಧಿಕಾರಿಗಳ ಕಚೇರಿ ಸಭಾಂಗಣದಲ್ಲಿ ನಡೆದ ಕಾರ್ಯಕ್ರಮದಲ್ಲಿ ಮಾತನಾಡಿದ ಅವರು, ಎಲ್ಲರ ಸಹಕಾರದಿಂದ ಕಾರ್ಯಕ್ರಮ ಯಶಸ್ವಿಯಾಗಿದೆ ಎಂದು ತಿಳಿಸಿದರು. ಮೈಸೂರು, ಜೂ.22- ಅಂತರರಾಷ್ಟ್ರೀಯ ಯೋಗ ದಿನಾಚರಣೆ ಹಾಗೂ ಪ್ರಧಾನಮಂತ್ರಿ ನರೇಂದ್ರ ಮೋದಿ ಅವರ ಮೈಸೂರು ಕಾರ್ಯಕ್ರಮವನ್ನು ಯಶಸ್ವಿಯಾಗಿ ನಡೆಸಲು ಸಹಕರಿಸಿದ ಜಿಲ್ಲಾಡಳಿತ, ಅಧಿಕಾರಿಗಳು, ಜನಪ್ರತಿನಿಧಿಗಳು ಹಾಗೂ ಸಾರ್ವಜನಿಕರಿಗೆ ಜಿಲ್ಲಾ ಉಸ್ತುವಾರಿ ಸಚಿವರು ಅಭಿನಂದನೆ ಸಲ್ಲಿಸಿದರು. ನಗರದ ಜಿಲ್ಲಾಧಿಕಾರಿಗಳ ಕಚೇರಿ ಸಭಾಂಗಣದಲ್ಲಿ ನಡೆದ ಕಾರ್ಯಕ್ರಮದಲ್ಲಿ ಮಾತನಾಡಿದ ಅವರು, ಎಲ್ಲರ ಸಹಕಾರದಿಂದ ಕಾರ್ಯಕ್ರಮ ಯಶಸ್ವಿಯಾಗಿದೆ ಎಂದು ತಿಳಿಸಿದರು. ಮೈಸೂರು, ಜೂ.22- ಅಂತರರಾಷ್ಟ್ರೀಯ ಯೋಗ ದಿನಾಚರಣೆ ಹಾಗೂ ಪ್ರಧಾನಮಂತ್ರಿ ನರೇಂದ್ರ ಮೋದಿ ಅವರ ಮೈಸೂರು ಕಾರ್ಯಕ್ರಮವನ್ನು ಯಶಸ್ವಿಯಾಗಿ ನಡೆಸಲು ಸಹಕರಿಸಿದ ಜಿಲ್ಲಾಡಳಿತ, ಅಧಿಕಾರಿಗಳು, ಜನಪ್ರತಿನಿಧಿಗಳು ಹಾಗೂ ಸಾರ್ವಜನಿಕರಿಗೆ ಜಿಲ್ಲಾ ಉಸ್ತುವಾರಿ ಸಚಿವರು ಅಭಿನಂದನೆ ಸಲ್ಲಿಸಿದರು. ನಗರದ ಜಿಲ್ಲಾಧಿಕಾರಿಗಳ ಕಚೇರಿ ಸಭಾಂಗಣದಲ್ಲಿ ನಡೆದ ಕಾರ್ಯಕ್ರಮದಲ್ಲಿ ಮಾತನಾಡಿದ ಅವರು, ಎಲ್ಲರ ಸಹಕಾರದಿಂದ ಕಾರ್ಯಕ್ರಮ ಯಶಸ್ವಿಯಾಗಿದೆ ಎಂದು ತಿಳಿಸಿದರು. ಮೈಸೂರು, ಜೂ.22- ಅಂತರರಾಷ್ಟ್ರೀಯ ಯೋಗ ದಿನಾಚರಣೆ ಹಾಗೂ ಪ್ರಧಾನಮಂತ್ರಿ ನರೇಂದ್ರ ಮೋದಿ ಅವರ ಮೈಸೂರು ಕಾರ್ಯಕ್ರಮವನ್ನು ಯಶಸ್ವಿಯಾಗಿ ನಡೆಸಲು ಸಹಕರಿಸಿದ ಜಿಲ್ಲಾಡಳಿತ, ಅಧಿಕಾರಿಗಳು, ಜನಪ್ರತಿನಿಧಿಗಳು ಹಾಗೂ ಸಾರ್ವಜನಿಕರಿಗೆ ಜಿಲ್ಲಾ ಉಸ್ತುವಾರಿ ಸಚಿವರು ಅಭಿನಂದನೆ ಸಲ್ಲಿಸಿದರು. ನಗರದ ಜಿಲ್ಲಾಧಿಕಾರಿಗಳ ಕಚೇರಿ ಸಭಾಂಗಣದಲ್ಲಿ ನಡೆದ ಕಾರ್ಯಕ್ರಮದಲ್ಲಿ ಮಾತನಾಡಿದ ಅವರು, ಎಲ್ಲರ ಸಹಕಾರದಿಂದ ಕಾರ್ಯಕ್ರಮ ಯಶಸ್ವಿಯಾಗಿದೆ ಎಂದು ತಿಳಿಸಿದರು. ಮ
ಪ್ರಧಾನಿ ಮೋದಿ ಭೇಟಿಯಲ್ಲಿ
ರಾಜಕೀಯ ವಿಚಾರ ಇಲ್ಲ
ಚಾಮುಂಡೇಶ್ವರಿ ಕ್ಷೇತ್ರದ ಶಾಸಕ ಜಿ.ಟಿ.ದೇವೇಗೌಡ ಸ್ಪಷ್ಟನೆ
ಮೈಸೂರು, ಜೂ.22- ಅಂತರರಾಷ್ಟ್ರೀಯ ಯೋಗ ದಿನಾಚರಣೆ ಹಾಗೂ ಪ್ರಧಾನಮಂತ್ರಿ ನರೇಂದ್ರ ಮೋದಿ ಅವರ ಮೈಸೂರು ಕಾರ್ಯಕ್ರಮವನ್ನು ಯಶಸ್ವಿಯಾಗಿ ನಡೆಸಲು ಸಹಕರಿಸಿದ ಜಿಲ್ಲಾಡಳಿತ, ಅಧಿಕಾರಿಗಳು, ಜನಪ್ರತಿನಿಧಿಗಳು ಹಾಗೂ ಸಾರ್ವಜನಿಕರಿಗೆ ಜಿಲ್ಲಾ ಉಸ್ತುವಾರಿ ಸಚಿವರು ಅಭಿನಂದನೆ ಸಲ್ಲಿಸಿದರು. ನಗರದ ಜಿಲ್ಲಾಧಿಕಾರಿಗಳ ಕಚೇರಿ ಸಭಾಂಗಣದಲ್ಲಿ ನಡೆದ ಕಾರ್ಯಕ್ರಮದಲ್ಲಿ ಮಾತನಾಡಿದ ಅವರು, ಎಲ್ಲರ ಸಹಕಾರದಿಂದ ಕಾರ್ಯಕ
ಮೈಸೂರು, ಜೂ.22- ಅಂತರರಾಷ್ಟ್ರೀಯ ಯೋಗ ದಿನಾಚರಣೆ ಹಾಗೂ ಪ್ರಧಾನಮಂತ್ರಿ ನರೇಂದ್ರ ಮೋದಿ ಅವರ ಮೈಸೂರು ಕಾರ್ಯಕ್ರಮವನ್ನು ಯಶಸ್ವಿಯಾಗಿ ನಡೆಸಲು ಸಹಕರಿಸಿದ ಜಿಲ್ಲಾಡಳಿತ, ಅಧಿಕಾರಿಗಳು, ಜನಪ್ರತಿನಿಧಿಗಳು ಹಾಗೂ ಸಾರ್ವಜನಿಕರಿಗೆ ಜಿಲ್ಲಾ ಉಸ್ತುವಾರಿ ಸಚಿವರು ಅಭಿನಂದನೆ ಸಲ್ಲಿಸಿದರು. ನಗರದ ಜಿಲ್ಲಾಧಿಕಾರಿಗಳ ಕಚೇರಿ ಸಭಾಂಗಣದಲ್ಲಿ ನಡೆದ ಕಾರ್ಯಕ್ರಮದಲ್ಲಿ ಮಾತನಾಡಿದ ಅವರು, ಎಲ್ಲರ ಸಹಕಾರದಿಂದ ಕಾರ್ಯಕ್ರಮ ಯಶಸ್ವಿಯಾಗಿದೆ ಎಂದು ತಿಳಿಸಿದರು. ಮೈಸೂರು, ಜೂ.22- ಅಂತರರಾಷ್ಟ್ರೀಯ ಯೋಗ ದಿನಾಚರಣೆ ಹಾಗೂ ಪ್ರಧಾನಮಂತ್ರಿ ನರೇಂದ್ರ ಮೋದಿ ಅವರ ಮೈಸೂರು ಕಾರ್ಯಕ್ರಮವನ್ನು ಯಶಸ್ವಿಯಾಗಿ ನಡೆಸಲು ಸಹಕರಿಸಿದ ಜಿಲ್ಲಾಡಳಿತ, ಅಧಿಕಾರಿಗಳು, ಜನಪ್ರತಿನಿಧಿಗಳು ಹಾಗೂ ಸಾರ್ವಜನಿಕರಿಗೆ ಜಿಲ್ಲಾ ಉಸ್ತುವಾರಿ ಸಚಿವರು ಅಭಿನಂದನೆ ಸಲ್ಲಿಸಿದರು. ನಗರದ ಜಿಲ್ಲಾಧಿಕಾರಿಗಳ ಕಚೇರಿ ಸಭಾಂಗಣದಲ್ಲಿ ನಡೆದ ಕಾರ್ಯಕ್ರಮದಲ್ಲಿ ಮಾತನಾಡಿದ ಅವರು, ಎಲ್ಲರ ಸಹಕಾರದಿಂದ ಕಾರ್ಯಕ್ರಮ ಯಶಸ್ವಿಯಾಗಿದೆ ಎಂದು ತಿಳಿಸಿದರು. ಮೈಸೂರು, ಜೂ.22- ಅಂತರರಾಷ್ಟ್ರೀಯ ಯೋಗ ದಿನಾಚರಣೆ ಹಾಗೂ ಪ್ರಧಾನಮಂತ್ರಿ ನರೇಂದ್ರ ಮೋದಿ ಅವರ ಮೈಸೂರು ಕಾರ್ಯಕ್ರಮವನ್ನು ಯಶಸ್ವಿಯಾಗಿ ನಡೆಸಲು ಸಹಕರಿಸಿದ ಜಿಲ್ಲಾಡಳಿತ, ಅಧಿಕಾರಿಗಳು, ಜನಪ್ರತಿನಿಧಿಗಳು ಹಾಗೂ ಸಾರ್ವಜನಿಕರಿಗೆ ಜಿಲ್ಲಾ ಉಸ್ತುವಾರಿ ಸಚಿವರು ಅಭಿನಂದನೆ ಸಲ್ಲಿಸಿದರು. ನಗರದ ಜಿಲ್ಲಾಧಿಕಾರಿಗಳ ಕಚೇರಿ ಸಭಾಂಗಣದಲ್ಲಿ ನಡೆದ ಕಾರ್ಯಕ್ರಮದಲ್ಲಿ ಮಾತನಾಡಿದ ಅವರು, ಎಲ್ಲರ ಸಹಕಾರದಿಂದ ಕಾರ್ಯಕ್ರಮ ಯಶಸ್ವಿಯಾಗಿದೆ ಎಂದು ತಿಳಿಸಿದರು. ಮೈಸೂರು, ಜೂ.22- ಅಂತರರಾಷ್ಟ್ರೀಯ ಯೋಗ ದಿನಾಚರಣೆ ಹಾಗೂ ಪ್ರಧಾನಮಂತ್ರಿ ನರೇಂದ್ರ ಮೋದಿ ಅವರ ಮೈಸೂರು ಕಾರ್ಯಕ್ರಮವನ್ನು ಯಶಸ್ವಿಯಾಗಿ ನಡೆಸಲು ಸಹಕರಿಸಿದ ಜಿಲ್ಲಾಡಳಿತ, ಅಧಿಕಾರಿಗಳು, ಜನಪ್ರತಿನಿಧಿಗಳು ಹಾಗೂ ಸಾರ್ವಜನಿಕರಿಗೆ ಜಿಲ್ಲಾ ಉಸ್ತುವಾರಿ ಸಚಿವರು ಅಭಿನಂದನೆ ಸಲ್ಲಿಸಿದರು. ನಗರದ ಜಿಲ್ಲಾಧಿಕಾರಿಗಳ ಕಚೇರಿ ಸಭಾಂಗಣದಲ್ಲಿ ನಡೆದ ಕಾರ್ಯಕ್ರಮದಲ್ಲಿ ಮಾತನಾಡಿದ ಅವರು, ಎಲ್ಲರ ಸಹಕಾರದಿಂದ ಕಾರ್ಯಕ್ರಮ ಯಶಸ್ವಿಯಾಗಿದೆ ಎಂದು ತಿಳಿ
ಮೈಸೂರು ಜಿಲ್ಲಾ ಗುತ್ತಿಗೆದಾರರ ಸಂಘ ನಾಳೆ ಉದ್ಘಾಟನೆ
ಮೈಸೂರು, ಜೂ.22- ಅಂತರರಾಷ್ಟ್ರೀಯ ಯೋಗ ದಿನಾಚರಣೆ ಹಾಗೂ ಪ್ರಧಾನಮಂತ್ರಿ ನರೇಂದ್ರ ಮೋದಿ ಅವರ ಮೈಸೂರು ಕಾರ್ಯಕ್ರಮವನ್ನು ಯಶಸ್ವಿಯಾಗಿ ನಡೆಸಲು ಸಹಕರಿಸಿದ ಜಿಲ್ಲಾಡಳಿತ, ಅಧಿಕಾರಿಗಳು, ಜನಪ್ರತಿನಿಧಿಗಳು ಹಾಗೂ ಸಾರ್ವಜನಿಕರಿಗೆ ಜಿಲ್ಲಾ ಉಸ್ತುವಾರಿ ಸಚಿವರು ಅಭಿನಂದನೆ ಸಲ್ಲಿಸಿದರು. ನಗರದ ಜಿಲ್ಲಾಧಿಕಾರಿಗಳ ಕಚೇರಿ ಸಭಾಂಗಣದಲ್ಲಿ ನಡೆದ ಕಾರ್ಯಕ್ರಮದಲ್ಲಿ ಮಾತನಾಡಿದ ಅವರು, ಎಲ್ಲರ ಸಹಕಾರದಿಂದ ಕಾರ್ಯಕ್ರಮ ಯಶಸ್ವಿಯಾಗಿದೆ ಎಂದು ತಿಳಿಸಿದರು. ಮೈಸೂರು, ಜೂ.22- ಅಂತರರಾಷ್ಟ್ರೀಯ ಯೋಗ ದಿನಾಚರಣೆ ಹಾಗೂ ಪ್ರಧಾನಮಂತ್ರಿ ನರೇಂದ್ರ ಮೋದಿ ಅವರ ಮೈಸೂರು ಕಾರ್ಯಕ್ರಮವನ್ನು ಯಶಸ್ವಿಯಾಗಿ ನಡೆಸಲು ಸಹಕರಿಸಿದ ಜಿಲ್ಲಾಡಳಿತ, ಅಧಿಕಾರಿಗಳು, ಜನಪ್ರತಿನಿಧಿಗಳು ಹಾಗೂ ಸಾರ್ವಜನಿಕರಿಗೆ ಜಿಲ್ಲಾ ಉಸ್ತುವಾರಿ ಸಚಿವರು ಅಭಿನಂದನೆ ಸಲ್ಲಿಸಿದರು. ನಗರದ ಜಿಲ್ಲಾಧಿಕಾರಿಗಳ ಕಚೇರಿ ಸಭಾಂಗಣದಲ್ಲಿ ನಡೆದ ಕಾರ್ಯಕ್ರಮದಲ್ಲಿ ಮಾತನಾಡಿದ ಅವರು, ಎಲ್ಲರ ಸಹಕಾರದಿಂದ ಕಾರ್ಯಕ್ರಮ ಯಶಸ್ವಿಯಾಗಿದೆ ಎಂದು ತಿಳಿಸಿದರು. ಮೈಸೂರು, ಜೂ.22- ಅಂತರರಾಷ್ಟ್ರೀಯ ಯೋಗ ದಿನಾಚರಣೆ ಹಾಗೂ ಪ್ರಧಾನಮಂತ್ರಿ ನರೇಂದ್ರ ಮೋದಿ ಅವರ ಮೈಸೂರು ಕಾರ್ಯಕ್ರಮವನ್ನು ಯಶಸ್ವಿಯಾಗಿ ನಡೆಸಲು ಸಹಕರಿಸಿದ ಜಿಲ್ಲಾಡಳಿತ, ಅಧಿಕಾರಿಗಳು, ಜನಪ್ರತಿನಿಧಿಗಳು ಹಾಗೂ ಸಾರ್ವಜನಿಕರಿಗೆ ಜಿಲ್ಲಾ ಉಸ್ತುವಾರಿ ಸಚಿವರು ಅಭಿನಂದನೆ ಸಲ್ಲಿಸಿದರು. ನಗರದ ಜಿಲ್ಲಾಧಿಕಾರಿಗಳ ಕಚೇರಿ ಸಭಾಂಗಣದಲ್ಲಿ ನಡೆದ ಕಾರ್ಯಕ್ರಮದಲ್ಲಿ ಮಾತನಾಡಿದ ಅವರು, ಎಲ್ಲರ ಸಹಕಾರದಿಂದ ಕಾರ್ಯಕ್ರಮ ಯಶಸ್ವಿಯಾಗಿದೆ ಎಂದು ತಿಳಿಸಿದರು. ಮೈಸೂರು, ಜೂ.22- ಅಂತರರಾಷ್ಟ್ರೀಯ ಯೋಗ ದಿನಾಚರಣೆ ಹಾಗೂ ಪ್ರಧಾನಮಂತ್ರಿ ನರೇಂದ್ರ ಮೋದಿ ಅವರ ಮೈಸೂರು ಕಾರ್ಯಕ್ರಮವನ್ನು ಯಶಸ್ವಿಯಾಗಿ ನಡೆಸಲು ಸಹಕರಿಸಿದ ಜಿಲ್ಲಾಡಳಿತ, ಅಧಿಕಾರಿಗಳು, ಜನಪ್ರತಿನಿಧಿಗಳು ಹಾಗೂ
ರಾಜ್ಯಸಭೆ ಚುನಾವಣೆಯಲ್ಲಿ ಅಡ್ಡ ಮತದಾನ
ಶಾಸಕರಾದ ಶ್ರೀನಿವಾಸಗೌಡ, ಗುಬ್ಬಿ ಶ್ರೀನಿವಾಸ್ ಜೆಡಿಎಸ್‌ನಿಂದ ಉಚ್ಚಾಟನೆ
ಇಬ್ಬರೂ ಶಾಸಕರನ್ನು ಅನರ್ಹಗೊಳಿಸಲು ಸ್ಪೀಕರ್ ಅವರಿಗೆ ದೂರು ನೀಡಲೂ ನಿರ್ಧಾರ
ಶ್ರೀನಿವಾಸ ಗೌಡ
ಎಸ್.ಆರ್.ಶ್ರೀನಿವಾಸ್
ಮೈಸೂರು, ಜೂ.22- ಅಂತರರಾಷ್ಟ್ರೀಯ ಯೋಗ ದಿನಾಚರಣೆ ಹಾಗೂ ಪ್ರಧಾನಮಂತ್ರಿ ನರೇಂದ್ರ ಮೋದಿ ಅವರ ಮೈಸೂರು ಕಾರ್ಯಕ್ರಮವನ್ನು ಯಶಸ್ವಿಯಾಗಿ ನಡೆಸಲು ಸಹಕರಿಸಿದ ಜಿಲ್ಲಾಡಳಿತ, ಅಧಿಕಾರಿಗಳು, ಜನಪ್ರತಿನಿಧಿಗಳು ಹಾಗೂ ಸಾರ್ವಜನಿಕರಿಗೆ ಜಿಲ್ಲಾ ಉಸ್ತುವಾರಿ ಸಚಿವರು ಅಭಿನಂದನೆ ಸಲ್ಲಿಸಿದರು. ನಗರದ ಜಿಲ್ಲಾಧಿಕಾರಿಗಳ ಕಚೇರಿ ಸಭಾಂಗಣದಲ್ಲಿ ನಡೆದ ಕಾರ್ಯಕ್ರಮದಲ್ಲಿ ಮಾತನಾಡಿದ ಅವರು, ಎಲ್ಲರ ಸಹಕಾರದಿಂದ ಕಾರ್ಯಕ್ರಮ ಯಶಸ್ವಿಯಾಗಿದೆ ಎಂದು ತಿಳಿಸಿದರು. ಮೈಸೂರು, ಜೂ.22- ಅಂತರರಾಷ್ಟ್ರೀಯ ಯೋಗ ದಿನಾಚರಣೆ ಹಾಗೂ ಪ್ರಧಾನಮಂತ್ರಿ ನರೇಂದ್ರ ಮೋದಿ ಅವರ ಮೈಸೂರು ಕಾರ್ಯಕ್ರಮವನ್ನು ಯಶಸ್ವಿಯಾಗಿ ನಡೆಸಲು ಸಹಕರಿಸಿದ ಜಿಲ್ಲಾಡಳಿತ, ಅಧಿಕಾರಿಗಳು, ಜನಪ್ರತಿನಿಧಿಗಳು ಹಾಗೂ ಸಾರ್ವಜನಿಕರಿಗೆ ಜಿಲ್ಲಾ ಉಸ್ತುವಾರಿ ಸಚಿವರು ಅಭಿನಂದನೆ ಸಲ್ಲಿಸಿದರು. ನಗರದ ಜಿಲ್ಲಾಧಿಕಾರಿಗಳ ಕಚೇರಿ ಸಭಾಂಗಣದಲ್ಲಿ ನಡೆದ ಕಾರ್ಯಕ್ರಮದಲ್ಲಿ ಮಾತನಾಡಿದ ಅವರು, ಎಲ್ಲರ ಸಹಕಾರದಿಂದ ಕಾರ್ಯಕ್ರಮ ಯಶಸ್ವಿಯಾಗಿದೆ ಎಂದು ತಿಳಿಸಿದರು. ಮೈಸೂರು, ಜೂ.22- ಅಂತರರಾಷ್ಟ್ರೀಯ ಯೋಗ ದಿನಾಚರಣೆ ಹಾಗೂ ಪ್ರಧಾನಮಂತ್ರಿ ನರೇಂದ್ರ ಮೋದಿ ಅವರ ಮೈಸೂರು ಕಾರ್ಯಕ್ರಮವನ್ನು ಯಶಸ್ವಿಯಾಗಿ ನಡೆಸಲು ಸಹಕರಿಸಿದ ಜಿಲ್ಲಾಡಳಿತ, ಅಧಿಕಾರಿಗಳು, ಜನಪ್ರತಿನಿಧಿಗಳು ಹಾಗೂ ಸಾರ್ವಜನಿಕರಿಗೆ ಜಿಲ್ಲಾ ಉಸ್ತುವಾರಿ ಸಚಿವರು ಅಭಿನಂದನೆ ಸಲ್ಲಿಸಿದರು. ನಗರದ ಜಿಲ್ಲಾಧಿಕಾರಿಗಳ ಕಚೇರಿ ಸಭಾಂಗಣದಲ್ಲಿ ನಡೆದ ಕಾರ್ಯಕ್ರಮದಲ್ಲಿ ಮಾತನಾಡಿದ ಅವರು, ಎಲ್ಲರ ಸಹಕಾರದಿಂದ ಕಾರ್ಯಕ್ರಮ ಯಶಸ್ವಿಯಾಗಿದೆ ಎಂದು ತಿಳಿಸಿದರು. ಮೈಸೂರು, ಜೂ.22- ಅಂತರರಾಷ್ಟ್ರೀಯ ಯೋಗ ದಿನಾಚರಣೆ ಹಾಗೂ ಪ್ರಧಾನಮಂತ್ರಿ ನರೇಂದ್ರ ಮೋದಿ ಅವರ ಮೈಸೂರು ಕಾರ್ಯಕ್ರಮವನ್ನು ಯಶಸ್ವಿಯಾಗಿ ನಡೆಸಲು ಸಹಕರಿಸಿದ ಜಿಲ್ಲಾಡಳಿತ, ಅಧಿಕಾರಿಗಳು, ಜನಪ್ರತಿನಿಧಿಗಳು ಹಾಗೂ ಸಾರ್ವಜನಿಕರಿಗೆ ಜಿಲ್ಲಾ ಉಸ್ತುವಾರಿ ಸಚಿವರು ಅಭಿನಂದನೆ ಸಲ್ಲಿಸಿದರು. ನಗರದ ಜಿಲ್ಲಾಧಿಕಾರಿಗಳ ಕಚೇರಿ ಸಭಾಂಗಣದಲ್ಲಿ ನಡೆದ ಕಾರ್ಯಕ್ರಮದಲ್ಲಿ ಮಾತನಾಡಿದ ಅವರು, ಎಲ್ಲರ ಸಹಕಾರದಿಂದ ಕಾರ್ಯಕ್ರಮ ಯಶಸ್ವಿಯಾಗಿದೆ ಎಂದು ತಿಳಿಸಿದರು. ಮೈಸೂರು, ಜೂ.22- ಅಂತರರಾಷ್ಟ್ರೀಯ ಯೋಗ ದಿನಾಚರಣೆ ಹಾಗೂ ಪ್ರಧಾನಮಂತ್ರಿ ನರೇಂದ್ರ ಮೋದಿ ಅವರ ಮೈಸೂರು ಕಾರ್ಯಕ್ರಮವನ್ನು ಯಶಸ್ವಿಯಾಗಿ ನಡೆಸಲು ಸಹಕರಿಸಿದ ಜಿಲ್ಲಾಡಳಿತ, ಅಧಿಕಾರಿಗಳು, ಜನಪ್ರತಿನಿಧಿಗಳು ಹಾಗೂ ಸಾರ್ವಜನಿಕರಿಗೆ ಜಿಲ್ಲಾ ಉಸ್ತುವಾರಿ ಸಚಿವರು ಅಭಿನಂದನೆ ಸಲ್ಲಿಸಿದರು. ನಗರದ ಜಿಲ್ಲಾಧಿಕಾರಿಗಳ ಕಚೇರಿ ಸಭಾಂಗಣದಲ್ಲಿ ನಡೆದ ಕಾರ್ಯಕ್ರಮದಲ್ಲಿ ಮಾತನಾಡಿದ ಅವರು, ಎಲ್ಲರ ಸಹಕಾರದಿಂದ ಕಾರ್ಯಕ್ರಮ ಯಶಸ್ವಿಯಾಗಿದೆ ಎಂದು ತಿಳಿಸಿದರು. ಮೈಸೂರು, ಜೂ.22- ಅಂತರರಾಷ್ಟ್ರೀಯ ಯೋಗ ದಿನಾಚರಣೆ ಹಾಗೂ ಪ್ರಧಾನಮಂತ್ರಿ ನರೇಂದ್ರ ಮೋದಿ ಅವರ ಮೈಸೂರು ಕಾರ್ಯಕ್ರಮವನ್ನು ಯಶಸ್ವಿಯಾಗಿ ನಡೆಸಲು ಸಹಕರಿಸಿದ ಜಿಲ್ಲಾಡಳಿತ, ಅಧಿಕಾರಿಗಳು, ಜನಪ್ರತಿನಿಧಿಗಳು ಹಾಗೂ ಸಾರ್ವಜನಿಕರಿಗೆ ಜಿಲ್ಲಾ ಉಸ್ತುವಾರಿ ಸಚಿವರು ಅಭಿನಂದನೆ ಸಲ್ಲಿಸಿದರು. ನಗರದ ಜಿಲ್ಲಾಧಿ
ಮೈಸೂರು, ಜೂ.22- ಅಂತರರಾಷ್ಟ್ರೀಯ ಯೋಗ ದಿನಾಚರಣೆ ಹಾಗೂ ಪ್ರಧಾನಮಂತ್ರಿ ನರೇಂದ್ರ ಮೋದಿ ಅವರ ಮೈಸೂರು ಕಾರ್ಯಕ್ರಮವನ್ನು ಯಶಸ್ವಿಯಾಗಿ ನಡೆಸಲು ಸಹಕರಿಸಿದ ಜಿಲ್ಲಾಡಳಿತ, ಅಧಿಕಾರಿಗಳು, ಜನಪ್ರತಿನಿಧಿಗಳು ಹಾಗೂ ಸಾರ್ವಜನಿಕರಿಗೆ ಜಿಲ್ಲಾ ಉಸ್ತುವಾರಿ ಸಚಿವರು ಅಭಿನಂದನೆ ಸಲ್ಲಿಸಿದರು. ನಗರದ ಜಿಲ್ಲಾಧಿಕಾರಿಗಳ ಕಚೇರಿ ಸಭಾಂಗಣದಲ್ಲಿ ನಡೆದ ಕಾರ್ಯಕ್ರಮದಲ್ಲಿ ಮಾತನಾಡಿದ ಅವರು, ಎಲ್ಲರ ಸಹಕಾರದಿಂದ ಕಾರ್ಯಕ್ರಮ ಯಶಸ್ವಿಯಾಗಿದೆ ಎಂದು ತಿಳಿಸಿ
ಜೂ.25, 10 ಪುಸ್ತಕಗಳ ಬಿಡುಗಡೆ
ಮೈಸೂರು, ಜೂ.22- ಅಂತರರಾಷ್ಟ್ರೀಯ ಯೋಗ ದಿನಾಚರಣೆ ಹಾಗೂ ಪ್ರಧಾನಮಂತ್ರಿ ನರೇಂದ್ರ ಮೋದಿ ಅವರ ಮೈಸೂರು ಕಾರ್ಯಕ್ರಮವನ್ನು ಯಶಸ್ವಿಯಾಗಿ ನಡೆಸಲು ಸಹಕರಿಸಿದ ಜಿಲ್ಲಾಡಳಿತ, ಅಧಿಕಾರಿಗಳು, ಜನಪ್ರತಿನಿಧಿಗಳು ಹಾಗೂ ಸಾರ್ವಜನಿಕರಿಗೆ ಜಿಲ್ಲಾ ಉಸ್ತುವಾರಿ ಸಚಿವರು ಅಭಿನಂದನೆ ಸಲ್ಲಿಸಿದರು. ನಗರದ ಜಿಲ್ಲಾಧಿಕಾರಿಗಳ ಕಚೇರಿ ಸಭಾಂಗಣದಲ್ಲಿ ನಡೆದ ಕಾರ್ಯಕ್ರಮದಲ್ಲಿ ಮಾತನಾಡಿದ ಅವರು, ಎಲ್ಲರ ಸಹಕಾರದಿಂದ ಕಾರ್ಯಕ್ರಮ ಯಶಸ್ವಿಯಾಗಿದೆ ಎಂದು ತಿಳಿಸಿದರು. ಮೈಸೂರು, ಜೂ.22- ಅಂತರರಾಷ್ಟ್ರೀಯ ಯೋಗ ದಿನಾಚರಣೆ ಹಾಗೂ ಪ್ರಧಾನಮಂತ್ರಿ ನರೇಂದ್ರ ಮೋದಿ ಅವರ ಮೈಸೂರು ಕಾರ್ಯಕ್ರಮವನ್ನು ಯಶಸ್ವಿಯಾಗಿ ನಡೆಸಲು ಸಹಕರಿಸಿದ ಜಿಲ್ಲಾಡಳಿತ, ಅಧಿಕಾರಿಗಳು, ಜನಪ್ರತಿನಿಧಿಗಳು ಹಾಗೂ ಸಾರ್ವಜನಿಕರಿಗೆ ಜಿಲ್ಲಾ ಉಸ್ತುವಾರಿ ಸಚಿವರು ಅಭಿನಂದನೆ ಸಲ್ಲಿಸಿದರು. ನಗರದ ಜಿಲ್ಲಾಧಿಕಾರಿಗಳ ಕಚೇರಿ ಸಭಾಂಗಣದಲ್ಲಿ ನಡೆದ ಕಾರ್ಯಕ್ರಮದಲ್ಲಿ ಮಾತನಾಡಿದ ಅವರು, ಎಲ್ಲರ ಸಹಕಾರದಿಂದ ಕಾರ್ಯಕ್ರಮ ಯಶಸ್ವಿಯಾಗಿದೆ ಎಂದು ತಿಳಿಸಿದರು. ಮೈಸೂರು, ಜೂ.22- ಅಂತರರಾಷ್ಟ್ರೀಯ ಯೋಗ ದಿನಾಚರಣೆ ಹಾಗೂ ಪ್ರಧಾನಮಂತ್ರಿ ನರೇಂದ್ರ ಮೋದಿ ಅವರ ಮೈಸೂರು ಕಾರ್ಯಕ್ರಮವನ್ನು ಯಶಸ್ವಿಯಾಗಿ ನಡೆಸಲು ಸಹಕರಿಸಿದ ಜಿಲ್ಲಾಡಳಿತ, ಅಧಿಕಾರಿಗಳು, ಜನಪ್ರತಿನಿಧಿಗಳು ಹಾಗೂ ಸಾರ್ವಜನಿಕರಿಗೆ ಜಿಲ್ಲಾ ಉಸ್ತುವಾರಿ ಸಚಿವರು ಅಭಿನಂದನೆ ಸಲ್ಲಿಸಿದರು. ನಗರದ ಜಿಲ್ಲಾಧಿಕಾರಿಗಳ ಕಚೇರಿ ಸಭಾಂಗಣದಲ್ಲಿ ನಡೆದ ಕಾರ್ಯಕ್ರಮದಲ್ಲಿ ಮಾತನಾಡಿದ ಅವರು, ಎಲ್ಲರ ಸಹಕಾರದಿಂದ ಕಾರ್ಯಕ್ರಮ ಯಶಸ್ವಿಯಾಗಿದೆ ಎಂದು ತಿಳಿಸಿದರು. ಮೈಸೂರು, ಜೂ.22- ಅಂತರರಾಷ್ಟ್ರೀಯ ಯೋಗ ದಿನಾಚರಣೆ ಹಾಗೂ ಪ್ರಧಾನಮಂತ್ರಿ ನರೇಂದ್ರ ಮೋದಿ ಅವರ ಮೈಸೂರು ಕಾರ್ಯಕ್ರಮವನ್ನು ಯಶಸ್ವಿಯಾಗಿ ನಡೆಸಲು ಸಹಕರಿಸಿದ ಜಿಲ್ಲಾಡಳಿತ, ಅಧಿಕಾರಿಗಳು, ಜನಪ್ರತಿನಿಧಿಗಳು ಹಾಗೂ ಸಾರ್ವಜನಿಕರಿಗೆ ಜಿಲ್ಲಾ ಉಸ್ತುವಾರಿ ಸಚಿವರು ಅಭಿನಂದನೆ ಸಲ್ಲಿಸಿದರು. ನಗರದ ಜಿಲ್ಲಾಧಿಕಾರಿಗಳ ಕಚೇರಿ ಸಭ
ಸ್ವಿಗ್ಗಿ, ಜೊಮ್ಯಾಟೋ ರೀತಿಯಲ್ಲಿ ಒದಗುವ ಮನೆಗೇ ಕನ್ನಡ ಪುಸ್ತಕ ಸೇವೆ
ಮೈಸೂರು, ಜೂ.22- ಅಂತರರಾಷ್ಟ್ರೀಯ ಯೋಗ ದಿನಾಚರಣೆ ಹಾಗೂ ಪ್ರಧಾನಮಂತ್ರಿ ನರೇಂದ್ರ ಮೋದಿ ಅವರ ಮೈಸೂರು ಕಾರ್ಯಕ್ರಮವನ್ನು ಯಶಸ್ವಿಯಾಗಿ ನಡೆಸಲು ಸಹಕರಿಸಿದ ಜಿಲ್ಲಾಡಳಿತ, ಅಧಿಕಾರಿಗಳು, ಜನಪ್ರತಿನಿಧಿಗಳು ಹಾಗೂ ಸಾರ್ವಜನಿಕರಿಗೆ ಜಿಲ್ಲಾ ಉಸ್ತುವಾರಿ ಸಚಿವರು ಅಭಿನಂದನೆ ಸಲ್ಲಿಸಿದರು. ನಗರದ ಜಿಲ್ಲಾಧಿಕಾರಿಗಳ ಕಚೇರಿ ಸಭಾಂಗಣದಲ್ಲಿ ನಡೆದ ಕಾರ್ಯಕ್ರಮದಲ್ಲಿ ಮಾತನಾಡಿದ ಅವರು, ಎಲ್ಲರ ಸಹಕಾರದಿಂದ ಕಾರ್ಯಕ್ರಮ ಯಶಸ್ವಿಯಾಗಿದೆ ಎಂದು ತಿಳಿಸಿದರು. ಮೈಸೂರು, ಜೂ.22- ಅಂತರರಾಷ್ಟ್ರೀಯ ಯೋಗ ದಿನಾಚರಣೆ ಹಾಗೂ ಪ್ರಧಾನಮಂತ್ರಿ ನರೇಂದ್ರ ಮೋದಿ ಅವರ ಮೈಸೂರು ಕಾರ್ಯಕ್ರಮವನ್ನು ಯಶಸ್ವಿಯಾಗಿ ನಡೆಸಲು ಸಹಕರಿಸಿದ ಜಿಲ್ಲಾಡಳಿತ, ಅಧಿಕಾರಿಗಳು, ಜನಪ್ರತಿನಿಧಿಗಳು ಹಾಗೂ ಸಾರ್ವಜನಿಕರಿಗೆ ಜಿಲ್ಲಾ ಉಸ್ತುವಾರಿ ಸಚಿವರು ಅಭಿನಂದನೆ ಸಲ್ಲಿಸಿದರು. ನಗರದ ಜಿಲ್ಲಾಧಿಕಾರಿಗಳ ಕಚೇರಿ ಸಭಾಂಗಣದಲ್ಲಿ ನಡೆದ ಕಾರ್ಯಕ್ರಮದಲ್ಲಿ ಮಾತನಾಡಿದ ಅವರು, ಎಲ್ಲರ ಸಹಕಾರದಿಂದ ಕಾರ್ಯಕ್ರಮ ಯಶಸ್ವಿಯಾಗಿದೆ ಎಂದು ತಿಳಿಸಿದರು. ಮೈಸೂರು, ಜೂ.22- ಅಂತರರಾಷ್ಟ್ರೀಯ ಯೋಗ ದಿನಾಚರಣೆ ಹಾಗೂ ಪ್ರಧಾನಮಂತ್ರಿ ನರೇಂದ್ರ ಮೋದಿ ಅವರ ಮೈಸೂರು ಕಾರ್ಯಕ್ರಮವನ್ನು ಯಶಸ್ವಿಯಾಗಿ ನಡೆಸಲು ಸಹಕರಿಸಿದ ಜಿಲ್ಲಾಡಳಿತ, ಅಧಿಕಾರಿಗಳು, ಜನಪ್ರತಿನಿಧಿಗಳು ಹಾಗೂ ಸಾರ್ವಜನಿಕರಿಗೆ ಜಿಲ್ಲಾ ಉಸ್ತುವಾರಿ ಸಚಿವರು ಅಭಿನಂದನೆ ಸಲ್ಲಿಸಿದರು. ನಗರದ ಜಿಲ್ಲಾಧಿಕಾರಿಗಳ ಕಚೇರಿ ಸಭಾಂಗಣದಲ್ಲಿ ನಡೆದ ಕಾರ್ಯಕ್ರಮದಲ್ಲಿ ಮಾತನಾಡಿದ ಅವರು, ಎಲ್ಲರ ಸಹಕಾರದಿಂದ ಕಾರ್ಯಕ್ರಮ ಯಶಸ್ವಿಯಾಗಿದೆ ಎಂದು ತಿಳಿಸಿದರು. ಮೈಸೂರು, ಜೂ.22- ಅಂತರರಾಷ್ಟ್ರೀಯ ಯೋಗ ದಿನಾಚರಣೆ ಹಾಗೂ ಪ್ರಧಾನಮಂತ್ರಿ ನರೇಂದ್ರ ಮೋದಿ ಅವರ ಮೈಸೂರು ಕಾರ್ಯಕ್ರಮವನ್ನು ಯಶಸ್ವಿಯಾಗಿ ನಡೆಸಲು ಸಹಕರಿಸಿದ ಜಿಲ್ಲಾಡಳಿತ, ಅಧಿಕಾರಿಗಳು, ಜನಪ್ರತಿನಿಧಿಗಳು ಹಾಗೂ ಸಾರ್ವಜನಿಕರಿಗೆ ಜಿಲ್ಲಾ ಉಸ್ತುವಾರಿ ಸಚ
ಮೈಸೂರು, ಜೂ.22- ಅಂತರರಾಷ್ಟ್ರೀಯ ಯೋಗ ದಿನಾಚರಣೆ ಹಾಗೂ ಪ್ರಧಾನಮಂತ್ರಿ ನರೇಂದ್ರ ಮೋದಿ ಅವರ ಮೈಸೂರ
ಕೆಲಸ ಹುಡುಕಿಕೊಂಡು ಹೋದ ವ್ಯಕ್ತಿ ನಾಪತ್ತೆ
ಮೈಸೂರು, ಜೂ.22- ಅಂತರರಾಷ್ಟ್ರೀಯ ಯೋಗ ದಿನಾಚರಣೆ ಹಾಗೂ ಪ್ರಧಾನಮಂತ್ರಿ ನರೇಂದ್ರ ಮೋದಿ ಅವರ ಮೈಸೂರು ಕಾರ್ಯಕ್ರಮವನ್ನು ಯಶಸ್ವಿಯಾಗಿ ನಡೆಸಲು ಸಹಕರಿಸಿದ ಜಿಲ್ಲಾಡಳಿತ, ಅಧಿಕಾರಿಗಳು, ಜನಪ್ರತಿನಿಧಿಗಳು ಹಾಗೂ ಸಾರ್ವಜನಿಕರಿಗೆ ಜಿಲ್ಲಾ ಉಸ್ತುವಾರಿ ಸಚಿವರು ಅಭಿನಂದನೆ ಸಲ್ಲಿಸಿದರು. ನಗರದ ಜಿಲ್ಲಾಧಿಕಾರಿಗಳ ಕಚೇರಿ ಸಭಾಂಗಣದಲ್ಲಿ ನಡೆದ ಕಾರ್ಯಕ್ರಮದಲ್ಲಿ ಮಾತನಾಡಿದ ಅವರು, ಎಲ್ಲರ ಸಹಕಾರದಿಂದ ಕಾರ್ಯಕ್ರಮ ಯಶಸ್ವಿಯಾಗಿದೆ ಎಂದು ತಿಳಿಸಿದರು. ಮೈಸೂರು, ಜೂ.22- ಅಂತರರಾಷ್ಟ್ರೀಯ ಯೋಗ ದಿನಾಚರಣೆ ಹಾಗೂ ಪ್ರಧಾನಮಂತ್ರಿ ನರೇಂದ್ರ ಮೋದಿ ಅವರ ಮೈಸೂರು ಕಾರ್ಯಕ್ರಮವನ್ನು ಯಶಸ್ವಿಯಾಗಿ ನಡೆಸಲು ಸಹಕರಿಸಿದ ಜಿಲ್ಲಾಡಳಿತ, ಅಧಿಕಾರಿಗಳು, ಜನಪ್ರತಿನಿಧಿಗಳು ಹಾಗೂ ಸಾರ್ವಜನಿಕರಿಗೆ ಜಿಲ್ಲಾ ಉಸ್ತುವಾರಿ ಸಚಿವರು ಅಭಿನಂದನೆ ಸಲ್ಲಿಸಿದರು. ನಗರದ ಜಿಲ್ಲಾಧಿ
ನಾಲ್ವಡಿ ಜಯಂತಿ ನಾಡಹಬ್ಬವಾಗಿ ಆಚರಿಸಲ್ಪಡಬೇಕು
ವಿಧಾನಪರಿಷತ್ ಸದಸ್ಯ ಡಾ.ಡಿ.ತಿಮ್ಮಯ್ಯ ಅಭಿಮತ	ಮಾಜಿ ಮುಖ್ಯಮಂತ್ರಿ ಡಿ. ದೇವರಾಜ ಅರಸು 40ನೇ ವರ್ಷದ ಪುಣ್ಯಸ್ಮರಣೆ
ಮೈಸೂರು, ಜೂ.22- ಅಂತರರಾಷ್ಟ್ರೀಯ ಯೋಗ ದಿನಾಚರಣೆ ಹಾಗೂ ಪ್ರಧಾನಮಂತ್ರಿ ನರೇಂದ್ರ ಮೋದಿ ಅವರ ಮೈಸೂರು ಕಾರ್ಯಕ್ರಮವನ್ನು ಯಶಸ್ವಿಯಾಗಿ ನಡೆಸಲು ಸಹಕರಿಸಿದ ಜಿಲ್ಲಾಡಳಿತ, ಅಧಿಕಾರಿಗಳು, ಜನಪ್ರತಿನಿಧಿಗಳು ಹಾಗೂ ಸಾರ್ವಜನಿಕರಿಗೆ ಜಿಲ್ಲಾ ಉಸ್ತುವಾರಿ ಸಚಿವರು ಅಭಿನಂದನೆ ಸಲ್ಲಿಸಿದರು. ನಗರದ ಜಿಲ್ಲಾಧಿಕಾರಿಗಳ ಕಚೇರಿ ಸಭಾಂಗಣದಲ್ಲಿ ನಡೆದ ಕಾರ್ಯಕ್ರಮದಲ್ಲಿ ಮಾತನಾಡಿದ ಅವರು, ಎಲ್ಲರ ಸಹಕಾರದಿಂದ ಕಾರ್ಯಕ್ರಮ ಯಶಸ್ವಿಯಾಗಿದೆ ಎಂದು ತಿಳಿಸಿದರು. ಮೈಸೂರು, ಜೂ.22- ಅಂತರರಾಷ್ಟ್ರೀಯ ಯೋಗ ದಿನಾಚರಣೆ ಹಾಗೂ ಪ್ರಧಾನಮಂತ್ರಿ ನರೇಂದ್ರ ಮೋದಿ ಅವರ ಮೈಸೂರು ಕಾರ್ಯಕ್ರಮವನ್ನು ಯಶಸ್ವಿಯಾಗಿ ನಡೆಸಲು ಸಹಕರಿಸಿದ ಜಿಲ್ಲಾಡಳಿತ, ಅಧಿಕಾರಿಗಳು, ಜನಪ್ರತಿನಿಧಿಗಳು ಹಾಗೂ ಸಾರ್ವಜನಿಕರಿಗೆ ಜಿಲ್ಲಾ ಉಸ್ತುವಾರಿ ಸಚಿವರು ಅಭಿನಂದನೆ ಸಲ್ಲಿಸಿದರು. ನಗರದ ಜಿಲ್ಲಾಧಿಕಾರಿಗಳ ಕಚೇರಿ ಸಭಾಂಗಣದಲ್ಲಿ ನಡೆದ ಕಾರ್ಯಕ್ರಮದಲ್ಲಿ ಮಾತನಾಡಿದ ಅವರು, ಎಲ್ಲರ ಸಹಕಾರದಿಂದ ಕಾರ್ಯಕ್ರಮ ಯಶಸ್ವಿಯಾಗಿದೆ ಎಂದು ತಿಳಿಸಿದರು. ಮೈಸೂರು, ಜೂ.22- ಅಂತರರಾಷ್ಟ್ರೀಯ ಯೋಗ ದಿನಾಚರಣೆ ಹಾಗೂ ಪ್ರಧಾನಮಂತ್ರಿ ನರೇಂದ್ರ ಮೋದಿ ಅವರ ಮೈಸೂರು ಕಾರ್ಯಕ್ರಮವನ್ನು ಯಶಸ್ವಿಯಾಗಿ ನಡೆಸಲು ಸಹಕರಿಸಿದ ಜಿಲ್ಲಾಡಳಿತ, ಅಧಿಕಾರಿಗಳು, ಜನಪ್ರತಿನಿಧಿಗಳು ಹಾಗೂ ಸಾರ್ವಜನಿಕರಿಗೆ ಜಿಲ್ಲಾ ಉಸ್ತುವಾರಿ ಸಚಿವರು ಅಭಿನಂದನೆ ಸಲ್ಲಿಸಿದರು. ನಗರದ ಜಿಲ್ಲಾಧಿಕಾರಿಗಳ ಕಚೇರಿ ಸಭಾಂಗಣದಲ್ಲಿ ನಡೆದ ಕಾರ್ಯಕ್ರಮದಲ್ಲಿ ಮಾ
ಮೈಸೂರು, ಜೂ.22- ಅಂತರರಾಷ್ಟ್ರೀಯ ಯೋಗ ದಿನಾಚರಣೆ ಹಾಗೂ ಪ್ರಧಾನಮಂತ್ರಿ ನರೇಂದ್ರ ಮೋದಿ ಅವರ ಮೈಸೂರು ಕಾರ್ಯಕ್ರಮವನ್ನು ಯಶಸ್ವಿಯಾಗಿ ನಡೆಸಲು ಸಹಕರಿಸಿದ ಜಿಲ್ಲಾಡಳಿತ, ಅಧಿಕಾರಿಗಳು, ಜನಪ್ರತಿನಿಧಿಗಳು ಹಾಗೂ ಸಾರ್ವಜನಿಕರಿಗೆ ಜಿಲ್ಲಾ ಉಸ್ತುವಾರಿ ಸಚಿವರು ಅಭಿನಂದನೆ ಸಲ್ಲಿಸಿದರು. ನಗರದ ಜಿಲ್ಲಾಧಿಕಾರಿಗಳ ಕಚೇರಿ ಸಭಾಂಗಣದಲ್ಲಿ ನಡೆದ ಕಾರ್ಯಕ್ರಮದಲ್ಲಿ ಮಾತನಾಡಿದ ಅವರು, ಎಲ್ಲರ ಸಹಕಾರದಿಂದ ಕಾರ್ಯಕ್ರಮ ಯಶಸ್ವಿಯಾಗಿದೆ ಎಂದು ತಿಳಿಸಿದರು. ಮೈಸೂರು, ಜೂ.22- ಅಂತರರಾಷ್ಟ್ರೀಯ ಯೋಗ ದಿನಾಚರಣೆ ಹಾಗೂ ಪ್ರಧಾನಮಂತ್ರಿ ನರೇಂದ್ರ ಮೋದಿ ಅವರ ಮೈಸೂರು ಕಾರ್ಯಕ್ರಮವನ್ನು ಯಶಸ್ವಿಯಾಗಿ ನಡೆಸಲು ಸಹಕರಿಸಿದ ಜಿಲ್ಲಾಡಳಿತ, ಅಧಿಕಾರಿಗಳು, ಜನಪ್ರತಿನಿಧಿಗಳು ಹಾಗೂ ಸಾರ್ವಜನಿಕರಿಗೆ ಜಿಲ್ಲಾ ಉಸ್ತುವಾರಿ ಸಚಿವರು ಅಭಿನಂದನೆ ಸಲ್ಲಿಸಿದರು. ನಗರದ ಜಿಲ್ಲಾಧಿಕಾರಿಗಳ ಕಚೇರಿ ಸಭಾಂಗಣದಲ್ಲಿ ನಡೆದ ಕಾರ್ಯಕ್ರಮದಲ್ಲಿ ಮಾತನಾಡಿದ ಅವರು, ಎಲ್ಲರ ಸಹಕಾರದಿಂದ ಕಾರ್ಯಕ್ರಮ ಯಶಸ್ವಿಯಾಗಿದೆ ಎಂದು ತಿಳಿಸಿದರು. ಮೈಸೂರು, ಜೂ.22- ಅಂತರರಾಷ್ಟ್ರೀಯ ಯೋಗ ದಿನಾಚರಣೆ ಹಾಗೂ ಪ್ರಧಾನಮಂತ್ರಿ ನರೇಂದ್ರ ಮೋದಿ ಅವರ ಮೈಸೂರು ಕಾರ್ಯಕ್ರಮವನ್ನು ಯಶಸ್ವಿಯಾಗಿ ನಡೆಸಲು ಸಹಕರಿಸಿದ ಜಿಲ್ಲಾಡಳಿತ, ಅಧಿಕಾರಿಗಳು, ಜನಪ್ರತಿನಿಧಿಗಳು ಹಾಗೂ ಸಾ
ಮೈಸೂರು, ಜೂ.22- ಅಂತರರಾಷ್ಟ್ರೀಯ ಯೋಗ ದಿನಾಚರಣೆ ಹಾಗೂ ಪ್ರಧಾನಮಂತ್ರಿ ನರೇಂದ್ರ ಮೋದಿ ಅವರ ಮೈಸೂರು ಕಾರ್ಯಕ್ರಮವನ್ನು ಯಶಸ್ವಿಯಾಗಿ ನಡೆಸಲು ಸಹಕರಿಸಿದ ಜಿಲ್ಲಾಡಳಿತ, ಅಧಿಕಾರಿಗಳು, ಜನಪ್ರತಿನಿಧಿಗಳು ಹಾಗೂ ಸಾರ್ವಜನಿಕರಿಗೆ ಜಿಲ್ಲಾ ಉಸ್ತುವಾರಿ ಸಚಿವರು ಅಭಿನಂದನೆ ಸಲ್ಲಿಸಿದರು. ನಗರದ ಜಿಲ್ಲಾಧಿಕಾರಿಗಳ ಕಚೇರಿ ಸಭಾಂಗಣದಲ್ಲಿ ನಡೆದ ಕಾರ್ಯಕ್ರಮದಲ್ಲಿ ಮಾತನಾಡಿದ ಅವರು, ಎಲ್ಲರ ಸಹಕಾರದಿಂದ ಕಾರ್ಯಕ್ರಮ ಯಶಸ್ವಿಯಾಗಿದೆ ಎಂದು ತಿಳಿಸಿದರು. ಮೈಸೂರು, ಜೂ.22- ಅಂತರರಾಷ್ಟ್ರೀಯ ಯೋಗ ದಿನಾಚರಣೆ ಹಾಗೂ ಪ್ರಧಾನಮಂತ್ರಿ ನರೇಂದ್ರ ಮೋದಿ ಅವರ ಮೈಸೂರು ಕಾರ್ಯಕ್ರಮವನ್ನು ಯಶಸ್ವಿಯಾಗಿ ನಡೆಸಲು ಸಹಕರಿಸಿದ ಜಿಲ್ಲಾಡಳಿತ, ಅಧಿಕಾರಿಗಳು, ಜನಪ್ರತಿನಿಧಿಗಳು ಹಾಗೂ ಸಾರ್ವಜನಿಕರಿಗೆ ಜಿಲ್ಲಾ ಉಸ್ತುವಾರಿ ಸಚಿವರು ಅಭಿನಂದನೆ ಸಲ್ಲಿಸಿದರು. ನಗರದ ಜಿಲ್ಲಾಧಿಕಾರಿಗಳ ಕಚೇರಿ ಸಭಾಂಗಣದಲ್ಲಿ ನಡೆದ ಕಾರ್ಯಕ್ರಮದಲ್ಲಿ ಮಾತನಾಡಿದ ಅವರು, ಎಲ್ಲರ ಸಹಕಾರದಿಂದ ಕಾರ್ಯಕ್ರಮ ಯಶಸ್ವಿಯಾಗಿದೆ ಎಂದು ತಿಳಿಸಿದರು. ಮೈಸೂರು, ಜೂ.22- ಅಂತರರಾಷ್ಟ್ರೀಯ ಯೋಗ ದಿನಾಚರಣೆ ಹಾಗೂ ಪ್ರಧಾನಮಂತ್ರಿ ನರೇಂದ್ರ ಮೋದಿ ಅವರ ಮೈಸೂರು ಕಾರ್ಯಕ್ರಮವನ್ನು ಯಶಸ್ವಿಯಾಗಿ ನಡೆಸಲು ಸಹಕರಿಸಿದ ಜಿಲ್ಲಾಡಳಿತ, ಅಧಿಕಾರಿಗಳು, ಜನಪ್ರತಿನಿಧಿಗಳು ಹಾಗೂ ಸಾರ್ವಜನಿಕರಿಗೆ ಜಿಲ್ಲಾ ಉಸ್ತುವಾರಿ ಸಚಿವರು ಅಭಿನಂದನೆ ಸಲ್ಲಿಸಿದರು. ನಗರದ ಜಿಲ್ಲಾಧಿಕಾರಿಗಳ ಕಚೇರಿ ಸಭಾಂಗಣದಲ್ಲಿ ನಡೆದ ಕಾರ್ಯಕ್ರಮದಲ್ಲಿ ಮಾತನಾಡಿದ ಅವರು, ಎಲ್ಲರ ಸಹಕಾರದಿಂದ ಕಾರ್ಯಕ್ರಮ ಯಶಸ್ವಿಯಾಗಿದೆ ಎಂದು ತಿಳಿಸಿದರು. ಮೈಸೂರು, ಜೂ.22- ಅಂತರರಾಷ್ಟ್ರೀಯ ಯೋಗ ದಿನಾಚರಣೆ ಹಾಗೂ ಪ್ರಧಾನಮಂತ್ರಿ ನರೇಂದ್ರ ಮೋದಿ ಅವರ ಮೈಸೂರು ಕಾರ್ಯಕ್ರಮವನ್ನು ಯಶಸ್ವಿಯಾಗಿ ನಡೆಸಲು ಸಹಕರಿಸಿದ ಜಿಲ್ಲಾಡಳಿತ, ಅಧಿಕಾರಿಗಳು, ಜನಪ್ರತಿನಿಧಿಗಳು ಹಾಗೂ ಸಾರ್ವಜನಿಕರಿಗೆ ಜಿಲ್ಲಾ ಉಸ್ತುವಾರಿ ಸಚಿವರು ಅಭಿನಂದನೆ ಸಲ್ಲಿಸಿದರು. ನಗರದ ಜಿಲ್ಲಾಧಿಕಾರಿಗಳ ಕಚೇರಿ ಸಭಾಂಗಣದಲ್ಲಿ ನಡೆದ ಕಾರ್ಯಕ್ರಮದಲ್ಲಿ ಮಾತನಾಡಿದ ಅವರು, ಎಲ್ಲರ ಸಹಕಾರದಿಂದ ಕಾರ್ಯಕ್ರಮ ಯಶಸ್ವಿಯಾಗಿದೆ ಎಂದು ತಿಳಿಸಿದರು. ಮೈಸೂರು, ಜೂ.22- ಅಂತರರಾಷ್ಟ್ರೀಯ ಯೋಗ ದಿನಾಚರಣೆ ಹಾಗೂ ಪ್ರಧಾನಮಂತ್ರಿ ನರೇಂದ್ರ ಮೋದಿ ಅವರ ಮೈಸೂರು ಕಾರ್ಯಕ್ರಮವನ್ನು ಯಶಸ್ವಿಯಾಗಿ ನಡೆಸಲು ಸಹಕರಿಸಿದ ಜಿಲ್ಲಾಡಳಿತ, ಅಧಿಕಾರಿಗಳು, ಜನಪ್ರತಿನಿಧಿಗಳು ಹಾಗೂ ಸಾರ್ವಜನಿಕರಿಗೆ ಜಿಲ್ಲಾ ಉಸ್ತುವಾರಿ ಸಚಿವರು ಅಭಿನಂದನೆ ಸಲ್ಲಿಸಿದರು. ನಗರದ ಜಿಲ್ಲಾಧಿಕಾರಿಗಳ ಕಚೇರಿ ಸಭಾಂಗಣದಲ್ಲಿ ನಡೆದ ಕಾರ್ಯಕ್ರಮದಲ್ಲಿ ಮಾತನಾಡಿದ ಅವರು, ಎಲ್ಲರ ಸಹಕಾರದಿಂದ ಕಾರ್ಯ
